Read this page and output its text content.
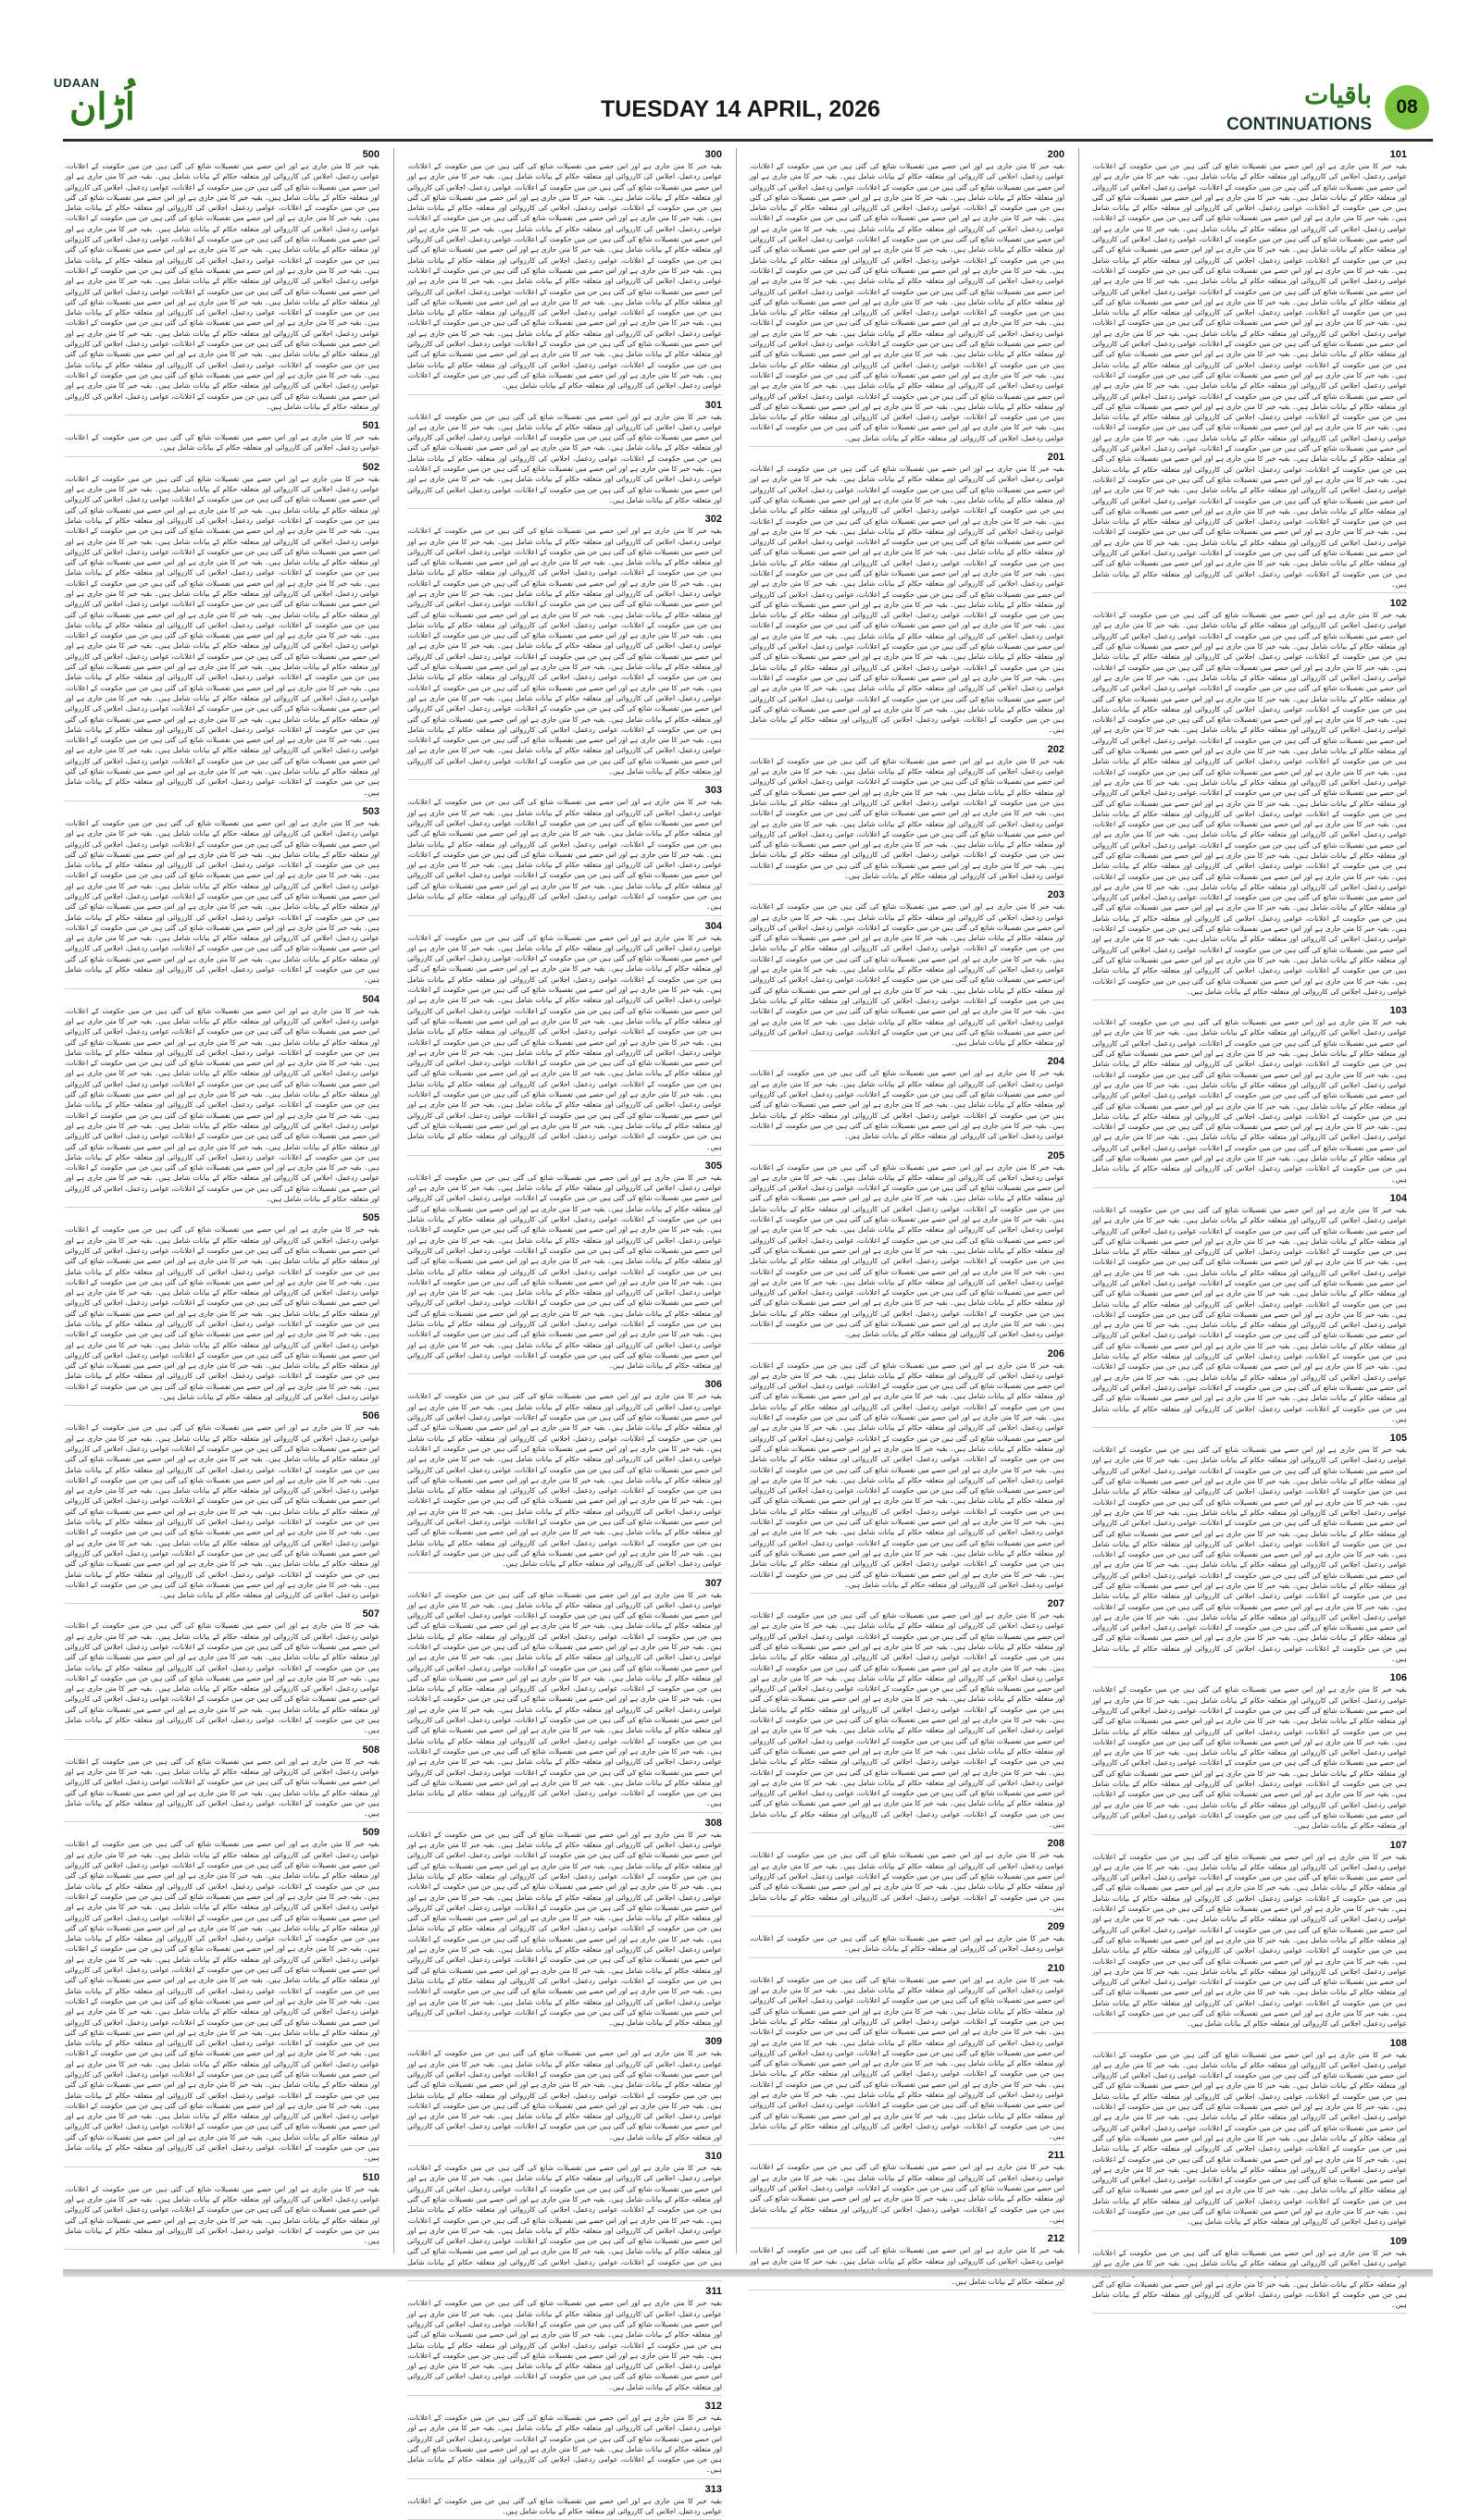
UDAAN
اُڑان	TUESDAY 14 APRIL, 2026	باقیات
CONTINUATIONS
08
101

بقیہ خبر کا متن جاری ہے اور اس حصے میں تفصیلات شائع کی گئی ہیں جن میں حکومت کے اعلانات، عوامی ردعمل، اجلاس کی کارروائی اور متعلقہ حکام کے بیانات شامل ہیں۔ بقیہ خبر کا متن جاری ہے اور اس حصے میں تفصیلات شائع کی گئی ہیں جن میں حکومت کے اعلانات، عوامی ردعمل، اجلاس کی کارروائی اور متعلقہ حکام کے بیانات شامل ہیں۔ بقیہ خبر کا متن جاری ہے اور اس حصے میں تفصیلات شائع کی گئی ہیں جن میں حکومت کے اعلانات، عوامی ردعمل، اجلاس کی کارروائی اور متعلقہ حکام کے بیانات شامل ہیں۔ بقیہ خبر کا متن جاری ہے اور اس حصے میں تفصیلات شائع کی گئی ہیں جن میں حکومت کے اعلانات، عوامی ردعمل، اجلاس کی کارروائی اور متعلقہ حکام کے بیانات شامل ہیں۔ بقیہ خبر کا متن جاری ہے اور اس حصے میں تفصیلات شائع کی گئی ہیں جن میں حکومت کے اعلانات، عوامی ردعمل، اجلاس کی کارروائی اور متعلقہ حکام کے بیانات شامل ہیں۔ بقیہ خبر کا متن جاری ہے اور اس حصے میں تفصیلات شائع کی گئی ہیں جن میں حکومت کے اعلانات، عوامی ردعمل، اجلاس کی کارروائی اور متعلقہ حکام کے بیانات شامل ہیں۔ بقیہ خبر کا متن جاری ہے اور اس حصے میں تفصیلات شائع کی گئی ہیں جن میں حکومت کے اعلانات، عوامی ردعمل، اجلاس کی کارروائی اور متعلقہ حکام کے بیانات شامل ہیں۔ بقیہ خبر کا متن جاری ہے اور اس حصے میں تفصیلات شائع کی گئی ہیں جن میں حکومت کے اعلانات، عوامی ردعمل، اجلاس کی کارروائی اور متعلقہ حکام کے بیانات شامل ہیں۔ بقیہ خبر کا متن جاری ہے اور اس حصے میں تفصیلات شائع کی گئی ہیں جن میں حکومت کے اعلانات، عوامی ردعمل، اجلاس کی کارروائی اور متعلقہ حکام کے بیانات شامل ہیں۔ بقیہ خبر کا متن جاری ہے اور اس حصے میں تفصیلات شائع کی گئی ہیں جن میں حکومت کے اعلانات، عوامی ردعمل، اجلاس کی کارروائی اور متعلقہ حکام کے بیانات شامل ہیں۔ بقیہ خبر کا متن جاری ہے اور اس حصے میں تفصیلات شائع کی گئی ہیں جن میں حکومت کے اعلانات، عوامی ردعمل، اجلاس کی کارروائی اور متعلقہ حکام کے بیانات شامل ہیں۔ بقیہ خبر کا متن جاری ہے اور اس حصے میں تفصیلات شائع کی گئی ہیں جن میں حکومت کے اعلانات، عوامی ردعمل، اجلاس کی کارروائی اور متعلقہ حکام کے بیانات شامل ہیں۔ بقیہ خبر کا متن جاری ہے اور اس حصے میں تفصیلات شائع کی گئی ہیں جن میں حکومت کے اعلانات، عوامی ردعمل، اجلاس کی کارروائی اور متعلقہ حکام کے بیانات شامل ہیں۔ بقیہ خبر کا متن جاری ہے اور اس حصے میں تفصیلات شائع کی گئی ہیں جن میں حکومت کے اعلانات، عوامی ردعمل، اجلاس کی کارروائی اور متعلقہ حکام کے بیانات شامل ہیں۔ بقیہ خبر کا متن جاری ہے اور اس حصے میں تفصیلات شائع کی گئی ہیں جن میں حکومت کے اعلانات، عوامی ردعمل، اجلاس کی کارروائی اور متعلقہ حکام کے بیانات شامل ہیں۔ بقیہ خبر کا متن جاری ہے اور اس حصے میں تفصیلات شائع کی گئی ہیں جن میں حکومت کے اعلانات، عوامی ردعمل، اجلاس کی کارروائی اور متعلقہ حکام کے بیانات شامل ہیں۔ بقیہ خبر کا متن جاری ہے اور اس حصے میں تفصیلات شائع کی گئی ہیں جن میں حکومت کے اعلانات، عوامی ردعمل، اجلاس کی کارروائی اور متعلقہ حکام کے بیانات شامل ہیں۔ بقیہ خبر کا متن جاری ہے اور اس حصے میں تفصیلات شائع کی گئی ہیں جن میں حکومت کے اعلانات، عوامی ردعمل، اجلاس کی کارروائی اور متعلقہ حکام کے بیانات شامل ہیں۔ بقیہ خبر کا متن جاری ہے اور اس حصے میں تفصیلات شائع کی گئی ہیں جن میں حکومت کے اعلانات، عوامی ردعمل، اجلاس کی کارروائی اور متعلقہ حکام کے بیانات شامل ہیں۔ بقیہ خبر کا متن جاری ہے اور اس حصے میں تفصیلات شائع کی گئی ہیں جن میں حکومت کے اعلانات، عوامی ردعمل، اجلاس کی کارروائی اور متعلقہ حکام کے بیانات شامل ہیں۔ بقیہ خبر کا متن جاری ہے اور اس حصے میں تفصیلات شائع کی گئی ہیں جن میں حکومت کے اعلانات، عوامی ردعمل، اجلاس کی کارروائی اور متعلقہ حکام کے بیانات شامل ہیں۔ بقیہ خبر کا متن جاری ہے اور اس حصے میں تفصیلات شائع کی گئی ہیں جن میں حکومت کے اعلانات، عوامی ردعمل، اجلاس کی کارروائی اور متعلقہ حکام کے بیانات شامل ہیں۔ بقیہ خبر کا متن جاری ہے اور اس حصے میں تفصیلات شائع کی گئی ہیں جن میں حکومت کے اعلانات، عوامی ردعمل، اجلاس کی کارروائی اور متعلقہ حکام کے بیانات شامل ہیں۔ بقیہ خبر کا متن جاری ہے اور اس حصے میں تفصیلات شائع کی گئی ہیں جن میں حکومت کے اعلانات، عوامی ردعمل، اجلاس کی کارروائی اور متعلقہ حکام کے بیانات شامل ہیں۔

102

بقیہ خبر کا متن جاری ہے اور اس حصے میں تفصیلات شائع کی گئی ہیں جن میں حکومت کے اعلانات، عوامی ردعمل، اجلاس کی کارروائی اور متعلقہ حکام کے بیانات شامل ہیں۔ بقیہ خبر کا متن جاری ہے اور اس حصے میں تفصیلات شائع کی گئی ہیں جن میں حکومت کے اعلانات، عوامی ردعمل، اجلاس کی کارروائی اور متعلقہ حکام کے بیانات شامل ہیں۔ بقیہ خبر کا متن جاری ہے اور اس حصے میں تفصیلات شائع کی گئی ہیں جن میں حکومت کے اعلانات، عوامی ردعمل، اجلاس کی کارروائی اور متعلقہ حکام کے بیانات شامل ہیں۔ بقیہ خبر کا متن جاری ہے اور اس حصے میں تفصیلات شائع کی گئی ہیں جن میں حکومت کے اعلانات، عوامی ردعمل، اجلاس کی کارروائی اور متعلقہ حکام کے بیانات شامل ہیں۔ بقیہ خبر کا متن جاری ہے اور اس حصے میں تفصیلات شائع کی گئی ہیں جن میں حکومت کے اعلانات، عوامی ردعمل، اجلاس کی کارروائی اور متعلقہ حکام کے بیانات شامل ہیں۔ بقیہ خبر کا متن جاری ہے اور اس حصے میں تفصیلات شائع کی گئی ہیں جن میں حکومت کے اعلانات، عوامی ردعمل، اجلاس کی کارروائی اور متعلقہ حکام کے بیانات شامل ہیں۔ بقیہ خبر کا متن جاری ہے اور اس حصے میں تفصیلات شائع کی گئی ہیں جن میں حکومت کے اعلانات، عوامی ردعمل، اجلاس کی کارروائی اور متعلقہ حکام کے بیانات شامل ہیں۔ بقیہ خبر کا متن جاری ہے اور اس حصے میں تفصیلات شائع کی گئی ہیں جن میں حکومت کے اعلانات، عوامی ردعمل، اجلاس کی کارروائی اور متعلقہ حکام کے بیانات شامل ہیں۔ بقیہ خبر کا متن جاری ہے اور اس حصے میں تفصیلات شائع کی گئی ہیں جن میں حکومت کے اعلانات، عوامی ردعمل، اجلاس کی کارروائی اور متعلقہ حکام کے بیانات شامل ہیں۔ بقیہ خبر کا متن جاری ہے اور اس حصے میں تفصیلات شائع کی گئی ہیں جن میں حکومت کے اعلانات، عوامی ردعمل، اجلاس کی کارروائی اور متعلقہ حکام کے بیانات شامل ہیں۔ بقیہ خبر کا متن جاری ہے اور اس حصے میں تفصیلات شائع کی گئی ہیں جن میں حکومت کے اعلانات، عوامی ردعمل، اجلاس کی کارروائی اور متعلقہ حکام کے بیانات شامل ہیں۔ بقیہ خبر کا متن جاری ہے اور اس حصے میں تفصیلات شائع کی گئی ہیں جن میں حکومت کے اعلانات، عوامی ردعمل، اجلاس کی کارروائی اور متعلقہ حکام کے بیانات شامل ہیں۔ بقیہ خبر کا متن جاری ہے اور اس حصے میں تفصیلات شائع کی گئی ہیں جن میں حکومت کے اعلانات، عوامی ردعمل، اجلاس کی کارروائی اور متعلقہ حکام کے بیانات شامل ہیں۔ بقیہ خبر کا متن جاری ہے اور اس حصے میں تفصیلات شائع کی گئی ہیں جن میں حکومت کے اعلانات، عوامی ردعمل، اجلاس کی کارروائی اور متعلقہ حکام کے بیانات شامل ہیں۔ بقیہ خبر کا متن جاری ہے اور اس حصے میں تفصیلات شائع کی گئی ہیں جن میں حکومت کے اعلانات، عوامی ردعمل، اجلاس کی کارروائی اور متعلقہ حکام کے بیانات شامل ہیں۔ بقیہ خبر کا متن جاری ہے اور اس حصے میں تفصیلات شائع کی گئی ہیں جن میں حکومت کے اعلانات، عوامی ردعمل، اجلاس کی کارروائی اور متعلقہ حکام کے بیانات شامل ہیں۔ بقیہ خبر کا متن جاری ہے اور اس حصے میں تفصیلات شائع کی گئی ہیں جن میں حکومت کے اعلانات، عوامی ردعمل، اجلاس کی کارروائی اور متعلقہ حکام کے بیانات شامل ہیں۔ بقیہ خبر کا متن جاری ہے اور اس حصے میں تفصیلات شائع کی گئی ہیں جن میں حکومت کے اعلانات، عوامی ردعمل، اجلاس کی کارروائی اور متعلقہ حکام کے بیانات شامل ہیں۔ بقیہ خبر کا متن جاری ہے اور اس حصے میں تفصیلات شائع کی گئی ہیں جن میں حکومت کے اعلانات، عوامی ردعمل، اجلاس کی کارروائی اور متعلقہ حکام کے بیانات شامل ہیں۔ بقیہ خبر کا متن جاری ہے اور اس حصے میں تفصیلات شائع کی گئی ہیں جن میں حکومت کے اعلانات، عوامی ردعمل، اجلاس کی کارروائی اور متعلقہ حکام کے بیانات شامل ہیں۔ بقیہ خبر کا متن جاری ہے اور اس حصے میں تفصیلات شائع کی گئی ہیں جن میں حکومت کے اعلانات، عوامی ردعمل، اجلاس کی کارروائی اور متعلقہ حکام کے بیانات شامل ہیں۔ بقیہ خبر کا متن جاری ہے اور اس حصے میں تفصیلات شائع کی گئی ہیں جن میں حکومت کے اعلانات، عوامی ردعمل، اجلاس کی کارروائی اور متعلقہ حکام کے بیانات شامل ہیں۔

103

بقیہ خبر کا متن جاری ہے اور اس حصے میں تفصیلات شائع کی گئی ہیں جن میں حکومت کے اعلانات، عوامی ردعمل، اجلاس کی کارروائی اور متعلقہ حکام کے بیانات شامل ہیں۔ بقیہ خبر کا متن جاری ہے اور اس حصے میں تفصیلات شائع کی گئی ہیں جن میں حکومت کے اعلانات، عوامی ردعمل، اجلاس کی کارروائی اور متعلقہ حکام کے بیانات شامل ہیں۔ بقیہ خبر کا متن جاری ہے اور اس حصے میں تفصیلات شائع کی گئی ہیں جن میں حکومت کے اعلانات، عوامی ردعمل، اجلاس کی کارروائی اور متعلقہ حکام کے بیانات شامل ہیں۔ بقیہ خبر کا متن جاری ہے اور اس حصے میں تفصیلات شائع کی گئی ہیں جن میں حکومت کے اعلانات، عوامی ردعمل، اجلاس کی کارروائی اور متعلقہ حکام کے بیانات شامل ہیں۔ بقیہ خبر کا متن جاری ہے اور اس حصے میں تفصیلات شائع کی گئی ہیں جن میں حکومت کے اعلانات، عوامی ردعمل، اجلاس کی کارروائی اور متعلقہ حکام کے بیانات شامل ہیں۔ بقیہ خبر کا متن جاری ہے اور اس حصے میں تفصیلات شائع کی گئی ہیں جن میں حکومت کے اعلانات، عوامی ردعمل، اجلاس کی کارروائی اور متعلقہ حکام کے بیانات شامل ہیں۔ بقیہ خبر کا متن جاری ہے اور اس حصے میں تفصیلات شائع کی گئی ہیں جن میں حکومت کے اعلانات، عوامی ردعمل، اجلاس کی کارروائی اور متعلقہ حکام کے بیانات شامل ہیں۔ بقیہ خبر کا متن جاری ہے اور اس حصے میں تفصیلات شائع کی گئی ہیں جن میں حکومت کے اعلانات، عوامی ردعمل، اجلاس کی کارروائی اور متعلقہ حکام کے بیانات شامل ہیں۔ بقیہ خبر کا متن جاری ہے اور اس حصے میں تفصیلات شائع کی گئی ہیں جن میں حکومت کے اعلانات، عوامی ردعمل، اجلاس کی کارروائی اور متعلقہ حکام کے بیانات شامل ہیں۔

104

بقیہ خبر کا متن جاری ہے اور اس حصے میں تفصیلات شائع کی گئی ہیں جن میں حکومت کے اعلانات، عوامی ردعمل، اجلاس کی کارروائی اور متعلقہ حکام کے بیانات شامل ہیں۔ بقیہ خبر کا متن جاری ہے اور اس حصے میں تفصیلات شائع کی گئی ہیں جن میں حکومت کے اعلانات، عوامی ردعمل، اجلاس کی کارروائی اور متعلقہ حکام کے بیانات شامل ہیں۔ بقیہ خبر کا متن جاری ہے اور اس حصے میں تفصیلات شائع کی گئی ہیں جن میں حکومت کے اعلانات، عوامی ردعمل، اجلاس کی کارروائی اور متعلقہ حکام کے بیانات شامل ہیں۔ بقیہ خبر کا متن جاری ہے اور اس حصے میں تفصیلات شائع کی گئی ہیں جن میں حکومت کے اعلانات، عوامی ردعمل، اجلاس کی کارروائی اور متعلقہ حکام کے بیانات شامل ہیں۔ بقیہ خبر کا متن جاری ہے اور اس حصے میں تفصیلات شائع کی گئی ہیں جن میں حکومت کے اعلانات، عوامی ردعمل، اجلاس کی کارروائی اور متعلقہ حکام کے بیانات شامل ہیں۔ بقیہ خبر کا متن جاری ہے اور اس حصے میں تفصیلات شائع کی گئی ہیں جن میں حکومت کے اعلانات، عوامی ردعمل، اجلاس کی کارروائی اور متعلقہ حکام کے بیانات شامل ہیں۔ بقیہ خبر کا متن جاری ہے اور اس حصے میں تفصیلات شائع کی گئی ہیں جن میں حکومت کے اعلانات، عوامی ردعمل، اجلاس کی کارروائی اور متعلقہ حکام کے بیانات شامل ہیں۔ بقیہ خبر کا متن جاری ہے اور اس حصے میں تفصیلات شائع کی گئی ہیں جن میں حکومت کے اعلانات، عوامی ردعمل، اجلاس کی کارروائی اور متعلقہ حکام کے بیانات شامل ہیں۔ بقیہ خبر کا متن جاری ہے اور اس حصے میں تفصیلات شائع کی گئی ہیں جن میں حکومت کے اعلانات، عوامی ردعمل، اجلاس کی کارروائی اور متعلقہ حکام کے بیانات شامل ہیں۔ بقیہ خبر کا متن جاری ہے اور اس حصے میں تفصیلات شائع کی گئی ہیں جن میں حکومت کے اعلانات، عوامی ردعمل، اجلاس کی کارروائی اور متعلقہ حکام کے بیانات شامل ہیں۔ بقیہ خبر کا متن جاری ہے اور اس حصے میں تفصیلات شائع کی گئی ہیں جن میں حکومت کے اعلانات، عوامی ردعمل، اجلاس کی کارروائی اور متعلقہ حکام کے بیانات شامل ہیں۔ بقیہ خبر کا متن جاری ہے اور اس حصے میں تفصیلات شائع کی گئی ہیں جن میں حکومت کے اعلانات، عوامی ردعمل، اجلاس کی کارروائی اور متعلقہ حکام کے بیانات شامل ہیں۔

105

بقیہ خبر کا متن جاری ہے اور اس حصے میں تفصیلات شائع کی گئی ہیں جن میں حکومت کے اعلانات، عوامی ردعمل، اجلاس کی کارروائی اور متعلقہ حکام کے بیانات شامل ہیں۔ بقیہ خبر کا متن جاری ہے اور اس حصے میں تفصیلات شائع کی گئی ہیں جن میں حکومت کے اعلانات، عوامی ردعمل، اجلاس کی کارروائی اور متعلقہ حکام کے بیانات شامل ہیں۔ بقیہ خبر کا متن جاری ہے اور اس حصے میں تفصیلات شائع کی گئی ہیں جن میں حکومت کے اعلانات، عوامی ردعمل، اجلاس کی کارروائی اور متعلقہ حکام کے بیانات شامل ہیں۔ بقیہ خبر کا متن جاری ہے اور اس حصے میں تفصیلات شائع کی گئی ہیں جن میں حکومت کے اعلانات، عوامی ردعمل، اجلاس کی کارروائی اور متعلقہ حکام کے بیانات شامل ہیں۔ بقیہ خبر کا متن جاری ہے اور اس حصے میں تفصیلات شائع کی گئی ہیں جن میں حکومت کے اعلانات، عوامی ردعمل، اجلاس کی کارروائی اور متعلقہ حکام کے بیانات شامل ہیں۔ بقیہ خبر کا متن جاری ہے اور اس حصے میں تفصیلات شائع کی گئی ہیں جن میں حکومت کے اعلانات، عوامی ردعمل، اجلاس کی کارروائی اور متعلقہ حکام کے بیانات شامل ہیں۔ بقیہ خبر کا متن جاری ہے اور اس حصے میں تفصیلات شائع کی گئی ہیں جن میں حکومت کے اعلانات، عوامی ردعمل، اجلاس کی کارروائی اور متعلقہ حکام کے بیانات شامل ہیں۔ بقیہ خبر کا متن جاری ہے اور اس حصے میں تفصیلات شائع کی گئی ہیں جن میں حکومت کے اعلانات، عوامی ردعمل، اجلاس کی کارروائی اور متعلقہ حکام کے بیانات شامل ہیں۔ بقیہ خبر کا متن جاری ہے اور اس حصے میں تفصیلات شائع کی گئی ہیں جن میں حکومت کے اعلانات، عوامی ردعمل، اجلاس کی کارروائی اور متعلقہ حکام کے بیانات شامل ہیں۔ بقیہ خبر کا متن جاری ہے اور اس حصے میں تفصیلات شائع کی گئی ہیں جن میں حکومت کے اعلانات، عوامی ردعمل، اجلاس کی کارروائی اور متعلقہ حکام کے بیانات شامل ہیں۔ بقیہ خبر کا متن جاری ہے اور اس حصے میں تفصیلات شائع کی گئی ہیں جن میں حکومت کے اعلانات، عوامی ردعمل، اجلاس کی کارروائی اور متعلقہ حکام کے بیانات شامل ہیں۔ بقیہ خبر کا متن جاری ہے اور اس حصے میں تفصیلات شائع کی گئی ہیں جن میں حکومت کے اعلانات، عوامی ردعمل، اجلاس کی کارروائی اور متعلقہ حکام کے بیانات شامل ہیں۔

106

بقیہ خبر کا متن جاری ہے اور اس حصے میں تفصیلات شائع کی گئی ہیں جن میں حکومت کے اعلانات، عوامی ردعمل، اجلاس کی کارروائی اور متعلقہ حکام کے بیانات شامل ہیں۔ بقیہ خبر کا متن جاری ہے اور اس حصے میں تفصیلات شائع کی گئی ہیں جن میں حکومت کے اعلانات، عوامی ردعمل، اجلاس کی کارروائی اور متعلقہ حکام کے بیانات شامل ہیں۔ بقیہ خبر کا متن جاری ہے اور اس حصے میں تفصیلات شائع کی گئی ہیں جن میں حکومت کے اعلانات، عوامی ردعمل، اجلاس کی کارروائی اور متعلقہ حکام کے بیانات شامل ہیں۔ بقیہ خبر کا متن جاری ہے اور اس حصے میں تفصیلات شائع کی گئی ہیں جن میں حکومت کے اعلانات، عوامی ردعمل، اجلاس کی کارروائی اور متعلقہ حکام کے بیانات شامل ہیں۔ بقیہ خبر کا متن جاری ہے اور اس حصے میں تفصیلات شائع کی گئی ہیں جن میں حکومت کے اعلانات، عوامی ردعمل، اجلاس کی کارروائی اور متعلقہ حکام کے بیانات شامل ہیں۔ بقیہ خبر کا متن جاری ہے اور اس حصے میں تفصیلات شائع کی گئی ہیں جن میں حکومت کے اعلانات، عوامی ردعمل، اجلاس کی کارروائی اور متعلقہ حکام کے بیانات شامل ہیں۔ بقیہ خبر کا متن جاری ہے اور اس حصے میں تفصیلات شائع کی گئی ہیں جن میں حکومت کے اعلانات، عوامی ردعمل، اجلاس کی کارروائی اور متعلقہ حکام کے بیانات شامل ہیں۔ بقیہ خبر کا متن جاری ہے اور اس حصے میں تفصیلات شائع کی گئی ہیں جن میں حکومت کے اعلانات، عوامی ردعمل، اجلاس کی کارروائی اور متعلقہ حکام کے بیانات شامل ہیں۔

107

بقیہ خبر کا متن جاری ہے اور اس حصے میں تفصیلات شائع کی گئی ہیں جن میں حکومت کے اعلانات، عوامی ردعمل، اجلاس کی کارروائی اور متعلقہ حکام کے بیانات شامل ہیں۔ بقیہ خبر کا متن جاری ہے اور اس حصے میں تفصیلات شائع کی گئی ہیں جن میں حکومت کے اعلانات، عوامی ردعمل، اجلاس کی کارروائی اور متعلقہ حکام کے بیانات شامل ہیں۔ بقیہ خبر کا متن جاری ہے اور اس حصے میں تفصیلات شائع کی گئی ہیں جن میں حکومت کے اعلانات، عوامی ردعمل، اجلاس کی کارروائی اور متعلقہ حکام کے بیانات شامل ہیں۔ بقیہ خبر کا متن جاری ہے اور اس حصے میں تفصیلات شائع کی گئی ہیں جن میں حکومت کے اعلانات، عوامی ردعمل، اجلاس کی کارروائی اور متعلقہ حکام کے بیانات شامل ہیں۔ بقیہ خبر کا متن جاری ہے اور اس حصے میں تفصیلات شائع کی گئی ہیں جن میں حکومت کے اعلانات، عوامی ردعمل، اجلاس کی کارروائی اور متعلقہ حکام کے بیانات شامل ہیں۔ بقیہ خبر کا متن جاری ہے اور اس حصے میں تفصیلات شائع کی گئی ہیں جن میں حکومت کے اعلانات، عوامی ردعمل، اجلاس کی کارروائی اور متعلقہ حکام کے بیانات شامل ہیں۔ بقیہ خبر کا متن جاری ہے اور اس حصے میں تفصیلات شائع کی گئی ہیں جن میں حکومت کے اعلانات، عوامی ردعمل، اجلاس کی کارروائی اور متعلقہ حکام کے بیانات شامل ہیں۔ بقیہ خبر کا متن جاری ہے اور اس حصے میں تفصیلات شائع کی گئی ہیں جن میں حکومت کے اعلانات، عوامی ردعمل، اجلاس کی کارروائی اور متعلقہ حکام کے بیانات شامل ہیں۔ بقیہ خبر کا متن جاری ہے اور اس حصے میں تفصیلات شائع کی گئی ہیں جن میں حکومت کے اعلانات، عوامی ردعمل، اجلاس کی کارروائی اور متعلقہ حکام کے بیانات شامل ہیں۔ بقیہ خبر کا متن جاری ہے اور اس حصے میں تفصیلات شائع کی گئی ہیں جن میں حکومت کے اعلانات، عوامی ردعمل، اجلاس کی کارروائی اور متعلقہ حکام کے بیانات شامل ہیں۔

108

بقیہ خبر کا متن جاری ہے اور اس حصے میں تفصیلات شائع کی گئی ہیں جن میں حکومت کے اعلانات، عوامی ردعمل، اجلاس کی کارروائی اور متعلقہ حکام کے بیانات شامل ہیں۔ بقیہ خبر کا متن جاری ہے اور اس حصے میں تفصیلات شائع کی گئی ہیں جن میں حکومت کے اعلانات، عوامی ردعمل، اجلاس کی کارروائی اور متعلقہ حکام کے بیانات شامل ہیں۔ بقیہ خبر کا متن جاری ہے اور اس حصے میں تفصیلات شائع کی گئی ہیں جن میں حکومت کے اعلانات، عوامی ردعمل، اجلاس کی کارروائی اور متعلقہ حکام کے بیانات شامل ہیں۔ بقیہ خبر کا متن جاری ہے اور اس حصے میں تفصیلات شائع کی گئی ہیں جن میں حکومت کے اعلانات، عوامی ردعمل، اجلاس کی کارروائی اور متعلقہ حکام کے بیانات شامل ہیں۔ بقیہ خبر کا متن جاری ہے اور اس حصے میں تفصیلات شائع کی گئی ہیں جن میں حکومت کے اعلانات، عوامی ردعمل، اجلاس کی کارروائی اور متعلقہ حکام کے بیانات شامل ہیں۔ بقیہ خبر کا متن جاری ہے اور اس حصے میں تفصیلات شائع کی گئی ہیں جن میں حکومت کے اعلانات، عوامی ردعمل، اجلاس کی کارروائی اور متعلقہ حکام کے بیانات شامل ہیں۔ بقیہ خبر کا متن جاری ہے اور اس حصے میں تفصیلات شائع کی گئی ہیں جن میں حکومت کے اعلانات، عوامی ردعمل، اجلاس کی کارروائی اور متعلقہ حکام کے بیانات شامل ہیں۔ بقیہ خبر کا متن جاری ہے اور اس حصے میں تفصیلات شائع کی گئی ہیں جن میں حکومت کے اعلانات، عوامی ردعمل، اجلاس کی کارروائی اور متعلقہ حکام کے بیانات شامل ہیں۔ بقیہ خبر کا متن جاری ہے اور اس حصے میں تفصیلات شائع کی گئی ہیں جن میں حکومت کے اعلانات، عوامی ردعمل، اجلاس کی کارروائی اور متعلقہ حکام کے بیانات شامل ہیں۔ بقیہ خبر کا متن جاری ہے اور اس حصے میں تفصیلات شائع کی گئی ہیں جن میں حکومت کے اعلانات، عوامی ردعمل، اجلاس کی کارروائی اور متعلقہ حکام کے بیانات شامل ہیں۔

109

بقیہ خبر کا متن جاری ہے اور اس حصے میں تفصیلات شائع کی گئی ہیں جن میں حکومت کے اعلانات، عوامی ردعمل، اجلاس کی کارروائی اور متعلقہ حکام کے بیانات شامل ہیں۔ بقیہ خبر کا متن جاری ہے اور اور متعلقہ حکام کے بیانات شامل ہیں۔ بقیہ خبر کا متن جاری ہے اور اس حصے میں تفصیلات شائع کی گئی ہیں جن میں حکومت کے اعلانات، عوامی ردعمل، اجلاس کی کارروائی اور متعلقہ حکام کے بیانات شامل ہیں۔

200

بقیہ خبر کا متن جاری ہے اور اس حصے میں تفصیلات شائع کی گئی ہیں جن میں حکومت کے اعلانات، عوامی ردعمل، اجلاس کی کارروائی اور متعلقہ حکام کے بیانات شامل ہیں۔ بقیہ خبر کا متن جاری ہے اور اس حصے میں تفصیلات شائع کی گئی ہیں جن میں حکومت کے اعلانات، عوامی ردعمل، اجلاس کی کارروائی اور متعلقہ حکام کے بیانات شامل ہیں۔ بقیہ خبر کا متن جاری ہے اور اس حصے میں تفصیلات شائع کی گئی ہیں جن میں حکومت کے اعلانات، عوامی ردعمل، اجلاس کی کارروائی اور متعلقہ حکام کے بیانات شامل ہیں۔ بقیہ خبر کا متن جاری ہے اور اس حصے میں تفصیلات شائع کی گئی ہیں جن میں حکومت کے اعلانات، عوامی ردعمل، اجلاس کی کارروائی اور متعلقہ حکام کے بیانات شامل ہیں۔ بقیہ خبر کا متن جاری ہے اور اس حصے میں تفصیلات شائع کی گئی ہیں جن میں حکومت کے اعلانات، عوامی ردعمل، اجلاس کی کارروائی اور متعلقہ حکام کے بیانات شامل ہیں۔ بقیہ خبر کا متن جاری ہے اور اس حصے میں تفصیلات شائع کی گئی ہیں جن میں حکومت کے اعلانات، عوامی ردعمل، اجلاس کی کارروائی اور متعلقہ حکام کے بیانات شامل ہیں۔ بقیہ خبر کا متن جاری ہے اور اس حصے میں تفصیلات شائع کی گئی ہیں جن میں حکومت کے اعلانات، عوامی ردعمل، اجلاس کی کارروائی اور متعلقہ حکام کے بیانات شامل ہیں۔ بقیہ خبر کا متن جاری ہے اور اس حصے میں تفصیلات شائع کی گئی ہیں جن میں حکومت کے اعلانات، عوامی ردعمل، اجلاس کی کارروائی اور متعلقہ حکام کے بیانات شامل ہیں۔ بقیہ خبر کا متن جاری ہے اور اس حصے میں تفصیلات شائع کی گئی ہیں جن میں حکومت کے اعلانات، عوامی ردعمل، اجلاس کی کارروائی اور متعلقہ حکام کے بیانات شامل ہیں۔ بقیہ خبر کا متن جاری ہے اور اس حصے میں تفصیلات شائع کی گئی ہیں جن میں حکومت کے اعلانات، عوامی ردعمل، اجلاس کی کارروائی اور متعلقہ حکام کے بیانات شامل ہیں۔ بقیہ خبر کا متن جاری ہے اور اس حصے میں تفصیلات شائع کی گئی ہیں جن میں حکومت کے اعلانات، عوامی ردعمل، اجلاس کی کارروائی اور متعلقہ حکام کے بیانات شامل ہیں۔ بقیہ خبر کا متن جاری ہے اور اس حصے میں تفصیلات شائع کی گئی ہیں جن میں حکومت کے اعلانات، عوامی ردعمل، اجلاس کی کارروائی اور متعلقہ حکام کے بیانات شامل ہیں۔ بقیہ خبر کا متن جاری ہے اور اس حصے میں تفصیلات شائع کی گئی ہیں جن میں حکومت کے اعلانات، عوامی ردعمل، اجلاس کی کارروائی اور متعلقہ حکام کے بیانات شامل ہیں۔ بقیہ خبر کا متن جاری ہے اور اس حصے میں تفصیلات شائع کی گئی ہیں جن میں حکومت کے اعلانات، عوامی ردعمل، اجلاس کی کارروائی اور متعلقہ حکام کے بیانات شامل ہیں۔ بقیہ خبر کا متن جاری ہے اور اس حصے میں تفصیلات شائع کی گئی ہیں جن میں حکومت کے اعلانات، عوامی ردعمل، اجلاس کی کارروائی اور متعلقہ حکام کے بیانات شامل ہیں۔ بقیہ خبر کا متن جاری ہے اور اس حصے میں تفصیلات شائع کی گئی ہیں جن میں حکومت کے اعلانات، عوامی ردعمل، اجلاس کی کارروائی اور متعلقہ حکام کے بیانات شامل ہیں۔

201

بقیہ خبر کا متن جاری ہے اور اس حصے میں تفصیلات شائع کی گئی ہیں جن میں حکومت کے اعلانات، عوامی ردعمل، اجلاس کی کارروائی اور متعلقہ حکام کے بیانات شامل ہیں۔ بقیہ خبر کا متن جاری ہے اور اس حصے میں تفصیلات شائع کی گئی ہیں جن میں حکومت کے اعلانات، عوامی ردعمل، اجلاس کی کارروائی اور متعلقہ حکام کے بیانات شامل ہیں۔ بقیہ خبر کا متن جاری ہے اور اس حصے میں تفصیلات شائع کی گئی ہیں جن میں حکومت کے اعلانات، عوامی ردعمل، اجلاس کی کارروائی اور متعلقہ حکام کے بیانات شامل ہیں۔ بقیہ خبر کا متن جاری ہے اور اس حصے میں تفصیلات شائع کی گئی ہیں جن میں حکومت کے اعلانات، عوامی ردعمل، اجلاس کی کارروائی اور متعلقہ حکام کے بیانات شامل ہیں۔ بقیہ خبر کا متن جاری ہے اور اس حصے میں تفصیلات شائع کی گئی ہیں جن میں حکومت کے اعلانات، عوامی ردعمل، اجلاس کی کارروائی اور متعلقہ حکام کے بیانات شامل ہیں۔ بقیہ خبر کا متن جاری ہے اور اس حصے میں تفصیلات شائع کی گئی ہیں جن میں حکومت کے اعلانات، عوامی ردعمل، اجلاس کی کارروائی اور متعلقہ حکام کے بیانات شامل ہیں۔ بقیہ خبر کا متن جاری ہے اور اس حصے میں تفصیلات شائع کی گئی ہیں جن میں حکومت کے اعلانات، عوامی ردعمل، اجلاس کی کارروائی اور متعلقہ حکام کے بیانات شامل ہیں۔ بقیہ خبر کا متن جاری ہے اور اس حصے میں تفصیلات شائع کی گئی ہیں جن میں حکومت کے اعلانات، عوامی ردعمل، اجلاس کی کارروائی اور متعلقہ حکام کے بیانات شامل ہیں۔ بقیہ خبر کا متن جاری ہے اور اس حصے میں تفصیلات شائع کی گئی ہیں جن میں حکومت کے اعلانات، عوامی ردعمل، اجلاس کی کارروائی اور متعلقہ حکام کے بیانات شامل ہیں۔ بقیہ خبر کا متن جاری ہے اور اس حصے میں تفصیلات شائع کی گئی ہیں جن میں حکومت کے اعلانات، عوامی ردعمل، اجلاس کی کارروائی اور متعلقہ حکام کے بیانات شامل ہیں۔ بقیہ خبر کا متن جاری ہے اور اس حصے میں تفصیلات شائع کی گئی ہیں جن میں حکومت کے اعلانات، عوامی ردعمل، اجلاس کی کارروائی اور متعلقہ حکام کے بیانات شامل ہیں۔ بقیہ خبر کا متن جاری ہے اور اس حصے میں تفصیلات شائع کی گئی ہیں جن میں حکومت کے اعلانات، عوامی ردعمل، اجلاس کی کارروائی اور متعلقہ حکام کے بیانات شامل ہیں۔ بقیہ خبر کا متن جاری ہے اور اس حصے میں تفصیلات شائع کی گئی ہیں جن میں حکومت کے اعلانات، عوامی ردعمل، اجلاس کی کارروائی اور متعلقہ حکام کے بیانات شامل ہیں۔ بقیہ خبر کا متن جاری ہے اور اس حصے میں تفصیلات شائع کی گئی ہیں جن میں حکومت کے اعلانات، عوامی ردعمل، اجلاس کی کارروائی اور متعلقہ حکام کے بیانات شامل ہیں۔ بقیہ خبر کا متن جاری ہے اور اس حصے میں تفصیلات شائع کی گئی ہیں جن میں حکومت کے اعلانات، عوامی ردعمل، اجلاس کی کارروائی اور متعلقہ حکام کے بیانات شامل ہیں۔

202

بقیہ خبر کا متن جاری ہے اور اس حصے میں تفصیلات شائع کی گئی ہیں جن میں حکومت کے اعلانات، عوامی ردعمل، اجلاس کی کارروائی اور متعلقہ حکام کے بیانات شامل ہیں۔ بقیہ خبر کا متن جاری ہے اور اس حصے میں تفصیلات شائع کی گئی ہیں جن میں حکومت کے اعلانات، عوامی ردعمل، اجلاس کی کارروائی اور متعلقہ حکام کے بیانات شامل ہیں۔ بقیہ خبر کا متن جاری ہے اور اس حصے میں تفصیلات شائع کی گئی ہیں جن میں حکومت کے اعلانات، عوامی ردعمل، اجلاس کی کارروائی اور متعلقہ حکام کے بیانات شامل ہیں۔ بقیہ خبر کا متن جاری ہے اور اس حصے میں تفصیلات شائع کی گئی ہیں جن میں حکومت کے اعلانات، عوامی ردعمل، اجلاس کی کارروائی اور متعلقہ حکام کے بیانات شامل ہیں۔ بقیہ خبر کا متن جاری ہے اور اس حصے میں تفصیلات شائع کی گئی ہیں جن میں حکومت کے اعلانات، عوامی ردعمل، اجلاس کی کارروائی اور متعلقہ حکام کے بیانات شامل ہیں۔ بقیہ خبر کا متن جاری ہے اور اس حصے میں تفصیلات شائع کی گئی ہیں جن میں حکومت کے اعلانات، عوامی ردعمل، اجلاس کی کارروائی اور متعلقہ حکام کے بیانات شامل ہیں۔ بقیہ خبر کا متن جاری ہے اور اس حصے میں تفصیلات شائع کی گئی ہیں جن میں حکومت کے اعلانات، عوامی ردعمل، اجلاس کی کارروائی اور متعلقہ حکام کے بیانات شامل ہیں۔

203

بقیہ خبر کا متن جاری ہے اور اس حصے میں تفصیلات شائع کی گئی ہیں جن میں حکومت کے اعلانات، عوامی ردعمل، اجلاس کی کارروائی اور متعلقہ حکام کے بیانات شامل ہیں۔ بقیہ خبر کا متن جاری ہے اور اس حصے میں تفصیلات شائع کی گئی ہیں جن میں حکومت کے اعلانات، عوامی ردعمل، اجلاس کی کارروائی اور متعلقہ حکام کے بیانات شامل ہیں۔ بقیہ خبر کا متن جاری ہے اور اس حصے میں تفصیلات شائع کی گئی ہیں جن میں حکومت کے اعلانات، عوامی ردعمل، اجلاس کی کارروائی اور متعلقہ حکام کے بیانات شامل ہیں۔ بقیہ خبر کا متن جاری ہے اور اس حصے میں تفصیلات شائع کی گئی ہیں جن میں حکومت کے اعلانات، عوامی ردعمل، اجلاس کی کارروائی اور متعلقہ حکام کے بیانات شامل ہیں۔ بقیہ خبر کا متن جاری ہے اور اس حصے میں تفصیلات شائع کی گئی ہیں جن میں حکومت کے اعلانات، عوامی ردعمل، اجلاس کی کارروائی اور متعلقہ حکام کے بیانات شامل ہیں۔ بقیہ خبر کا متن جاری ہے اور اس حصے میں تفصیلات شائع کی گئی ہیں جن میں حکومت کے اعلانات، عوامی ردعمل، اجلاس کی کارروائی اور متعلقہ حکام کے بیانات شامل ہیں۔ بقیہ خبر کا متن جاری ہے اور اس حصے میں تفصیلات شائع کی گئی ہیں جن میں حکومت کے اعلانات، عوامی ردعمل، اجلاس کی کارروائی اور متعلقہ حکام کے بیانات شامل ہیں۔ بقیہ خبر کا متن جاری ہے اور اس حصے میں تفصیلات شائع کی گئی ہیں جن میں حکومت کے اعلانات، عوامی ردعمل، اجلاس کی کارروائی اور متعلقہ حکام کے بیانات شامل ہیں۔

204

بقیہ خبر کا متن جاری ہے اور اس حصے میں تفصیلات شائع کی گئی ہیں جن میں حکومت کے اعلانات، عوامی ردعمل، اجلاس کی کارروائی اور متعلقہ حکام کے بیانات شامل ہیں۔ بقیہ خبر کا متن جاری ہے اور اس حصے میں تفصیلات شائع کی گئی ہیں جن میں حکومت کے اعلانات، عوامی ردعمل، اجلاس کی کارروائی اور متعلقہ حکام کے بیانات شامل ہیں۔ بقیہ خبر کا متن جاری ہے اور اس حصے میں تفصیلات شائع کی گئی ہیں جن میں حکومت کے اعلانات، عوامی ردعمل، اجلاس کی کارروائی اور متعلقہ حکام کے بیانات شامل ہیں۔ بقیہ خبر کا متن جاری ہے اور اس حصے میں تفصیلات شائع کی گئی ہیں جن میں حکومت کے اعلانات، عوامی ردعمل، اجلاس کی کارروائی اور متعلقہ حکام کے بیانات شامل ہیں۔

205

بقیہ خبر کا متن جاری ہے اور اس حصے میں تفصیلات شائع کی گئی ہیں جن میں حکومت کے اعلانات، عوامی ردعمل، اجلاس کی کارروائی اور متعلقہ حکام کے بیانات شامل ہیں۔ بقیہ خبر کا متن جاری ہے اور اس حصے میں تفصیلات شائع کی گئی ہیں جن میں حکومت کے اعلانات، عوامی ردعمل، اجلاس کی کارروائی اور متعلقہ حکام کے بیانات شامل ہیں۔ بقیہ خبر کا متن جاری ہے اور اس حصے میں تفصیلات شائع کی گئی ہیں جن میں حکومت کے اعلانات، عوامی ردعمل، اجلاس کی کارروائی اور متعلقہ حکام کے بیانات شامل ہیں۔ بقیہ خبر کا متن جاری ہے اور اس حصے میں تفصیلات شائع کی گئی ہیں جن میں حکومت کے اعلانات، عوامی ردعمل، اجلاس کی کارروائی اور متعلقہ حکام کے بیانات شامل ہیں۔ بقیہ خبر کا متن جاری ہے اور اس حصے میں تفصیلات شائع کی گئی ہیں جن میں حکومت کے اعلانات، عوامی ردعمل، اجلاس کی کارروائی اور متعلقہ حکام کے بیانات شامل ہیں۔ بقیہ خبر کا متن جاری ہے اور اس حصے میں تفصیلات شائع کی گئی ہیں جن میں حکومت کے اعلانات، عوامی ردعمل، اجلاس کی کارروائی اور متعلقہ حکام کے بیانات شامل ہیں۔ بقیہ خبر کا متن جاری ہے اور اس حصے میں تفصیلات شائع کی گئی ہیں جن میں حکومت کے اعلانات، عوامی ردعمل، اجلاس کی کارروائی اور متعلقہ حکام کے بیانات شامل ہیں۔ بقیہ خبر کا متن جاری ہے اور اس حصے میں تفصیلات شائع کی گئی ہیں جن میں حکومت کے اعلانات، عوامی ردعمل، اجلاس کی کارروائی اور متعلقہ حکام کے بیانات شامل ہیں۔ بقیہ خبر کا متن جاری ہے اور اس حصے میں تفصیلات شائع کی گئی ہیں جن میں حکومت کے اعلانات، عوامی ردعمل، اجلاس کی کارروائی اور متعلقہ حکام کے بیانات شامل ہیں۔ بقیہ خبر کا متن جاری ہے اور اس حصے میں تفصیلات شائع کی گئی ہیں جن میں حکومت کے اعلانات، عوامی ردعمل، اجلاس کی کارروائی اور متعلقہ حکام کے بیانات شامل ہیں۔

206

بقیہ خبر کا متن جاری ہے اور اس حصے میں تفصیلات شائع کی گئی ہیں جن میں حکومت کے اعلانات، عوامی ردعمل، اجلاس کی کارروائی اور متعلقہ حکام کے بیانات شامل ہیں۔ بقیہ خبر کا متن جاری ہے اور اس حصے میں تفصیلات شائع کی گئی ہیں جن میں حکومت کے اعلانات، عوامی ردعمل، اجلاس کی کارروائی اور متعلقہ حکام کے بیانات شامل ہیں۔ بقیہ خبر کا متن جاری ہے اور اس حصے میں تفصیلات شائع کی گئی ہیں جن میں حکومت کے اعلانات، عوامی ردعمل، اجلاس کی کارروائی اور متعلقہ حکام کے بیانات شامل ہیں۔ بقیہ خبر کا متن جاری ہے اور اس حصے میں تفصیلات شائع کی گئی ہیں جن میں حکومت کے اعلانات، عوامی ردعمل، اجلاس کی کارروائی اور متعلقہ حکام کے بیانات شامل ہیں۔ بقیہ خبر کا متن جاری ہے اور اس حصے میں تفصیلات شائع کی گئی ہیں جن میں حکومت کے اعلانات، عوامی ردعمل، اجلاس کی کارروائی اور متعلقہ حکام کے بیانات شامل ہیں۔ بقیہ خبر کا متن جاری ہے اور اس حصے میں تفصیلات شائع کی گئی ہیں جن میں حکومت کے اعلانات، عوامی ردعمل، اجلاس کی کارروائی اور متعلقہ حکام کے بیانات شامل ہیں۔ بقیہ خبر کا متن جاری ہے اور اس حصے میں تفصیلات شائع کی گئی ہیں جن میں حکومت کے اعلانات، عوامی ردعمل، اجلاس کی کارروائی اور متعلقہ حکام کے بیانات شامل ہیں۔ بقیہ خبر کا متن جاری ہے اور اس حصے میں تفصیلات شائع کی گئی ہیں جن میں حکومت کے اعلانات، عوامی ردعمل، اجلاس کی کارروائی اور متعلقہ حکام کے بیانات شامل ہیں۔ بقیہ خبر کا متن جاری ہے اور اس حصے میں تفصیلات شائع کی گئی ہیں جن میں حکومت کے اعلانات، عوامی ردعمل، اجلاس کی کارروائی اور متعلقہ حکام کے بیانات شامل ہیں۔ بقیہ خبر کا متن جاری ہے اور اس حصے میں تفصیلات شائع کی گئی ہیں جن میں حکومت کے اعلانات، عوامی ردعمل، اجلاس کی کارروائی اور متعلقہ حکام کے بیانات شامل ہیں۔ بقیہ خبر کا متن جاری ہے اور اس حصے میں تفصیلات شائع کی گئی ہیں جن میں حکومت کے اعلانات، عوامی ردعمل، اجلاس کی کارروائی اور متعلقہ حکام کے بیانات شامل ہیں۔ بقیہ خبر کا متن جاری ہے اور اس حصے میں تفصیلات شائع کی گئی ہیں جن میں حکومت کے اعلانات، عوامی ردعمل، اجلاس کی کارروائی اور متعلقہ حکام کے بیانات شامل ہیں۔ بقیہ خبر کا متن جاری ہے اور اس حصے میں تفصیلات شائع کی گئی ہیں جن میں حکومت کے اعلانات، عوامی ردعمل، اجلاس کی کارروائی اور متعلقہ حکام کے بیانات شامل ہیں۔

207

بقیہ خبر کا متن جاری ہے اور اس حصے میں تفصیلات شائع کی گئی ہیں جن میں حکومت کے اعلانات، عوامی ردعمل، اجلاس کی کارروائی اور متعلقہ حکام کے بیانات شامل ہیں۔ بقیہ خبر کا متن جاری ہے اور اس حصے میں تفصیلات شائع کی گئی ہیں جن میں حکومت کے اعلانات، عوامی ردعمل، اجلاس کی کارروائی اور متعلقہ حکام کے بیانات شامل ہیں۔ بقیہ خبر کا متن جاری ہے اور اس حصے میں تفصیلات شائع کی گئی ہیں جن میں حکومت کے اعلانات، عوامی ردعمل، اجلاس کی کارروائی اور متعلقہ حکام کے بیانات شامل ہیں۔ بقیہ خبر کا متن جاری ہے اور اس حصے میں تفصیلات شائع کی گئی ہیں جن میں حکومت کے اعلانات، عوامی ردعمل، اجلاس کی کارروائی اور متعلقہ حکام کے بیانات شامل ہیں۔ بقیہ خبر کا متن جاری ہے اور اس حصے میں تفصیلات شائع کی گئی ہیں جن میں حکومت کے اعلانات، عوامی ردعمل، اجلاس کی کارروائی اور متعلقہ حکام کے بیانات شامل ہیں۔ بقیہ خبر کا متن جاری ہے اور اس حصے میں تفصیلات شائع کی گئی ہیں جن میں حکومت کے اعلانات، عوامی ردعمل، اجلاس کی کارروائی اور متعلقہ حکام کے بیانات شامل ہیں۔ بقیہ خبر کا متن جاری ہے اور اس حصے میں تفصیلات شائع کی گئی ہیں جن میں حکومت کے اعلانات، عوامی ردعمل، اجلاس کی کارروائی اور متعلقہ حکام کے بیانات شامل ہیں۔ بقیہ خبر کا متن جاری ہے اور اس حصے میں تفصیلات شائع کی گئی ہیں جن میں حکومت کے اعلانات، عوامی ردعمل، اجلاس کی کارروائی اور متعلقہ حکام کے بیانات شامل ہیں۔ بقیہ خبر کا متن جاری ہے اور اس حصے میں تفصیلات شائع کی گئی ہیں جن میں حکومت کے اعلانات، عوامی ردعمل، اجلاس کی کارروائی اور متعلقہ حکام کے بیانات شامل ہیں۔ بقیہ خبر کا متن جاری ہے اور اس حصے میں تفصیلات شائع کی گئی ہیں جن میں حکومت کے اعلانات، عوامی ردعمل، اجلاس کی کارروائی اور متعلقہ حکام کے بیانات شامل ہیں۔ بقیہ خبر کا متن جاری ہے اور اس حصے میں تفصیلات شائع کی گئی ہیں جن میں حکومت کے اعلانات، عوامی ردعمل، اجلاس کی کارروائی اور متعلقہ حکام کے بیانات شامل ہیں۔ بقیہ خبر کا متن جاری ہے اور اس حصے میں تفصیلات شائع کی گئی ہیں جن میں حکومت کے اعلانات، عوامی ردعمل، اجلاس کی کارروائی اور متعلقہ حکام کے بیانات شامل ہیں۔

208

بقیہ خبر کا متن جاری ہے اور اس حصے میں تفصیلات شائع کی گئی ہیں جن میں حکومت کے اعلانات، عوامی ردعمل، اجلاس کی کارروائی اور متعلقہ حکام کے بیانات شامل ہیں۔ بقیہ خبر کا متن جاری ہے اور اس حصے میں تفصیلات شائع کی گئی ہیں جن میں حکومت کے اعلانات، عوامی ردعمل، اجلاس کی کارروائی اور متعلقہ حکام کے بیانات شامل ہیں۔ بقیہ خبر کا متن جاری ہے اور اس حصے میں تفصیلات شائع کی گئی ہیں جن میں حکومت کے اعلانات، عوامی ردعمل، اجلاس کی کارروائی اور متعلقہ حکام کے بیانات شامل ہیں۔

209

بقیہ خبر کا متن جاری ہے اور اس حصے میں تفصیلات شائع کی گئی ہیں جن میں حکومت کے اعلانات، عوامی ردعمل، اجلاس کی کارروائی اور متعلقہ حکام کے بیانات شامل ہیں۔

210

بقیہ خبر کا متن جاری ہے اور اس حصے میں تفصیلات شائع کی گئی ہیں جن میں حکومت کے اعلانات، عوامی ردعمل، اجلاس کی کارروائی اور متعلقہ حکام کے بیانات شامل ہیں۔ بقیہ خبر کا متن جاری ہے اور اس حصے میں تفصیلات شائع کی گئی ہیں جن میں حکومت کے اعلانات، عوامی ردعمل، اجلاس کی کارروائی اور متعلقہ حکام کے بیانات شامل ہیں۔ بقیہ خبر کا متن جاری ہے اور اس حصے میں تفصیلات شائع کی گئی ہیں جن میں حکومت کے اعلانات، عوامی ردعمل، اجلاس کی کارروائی اور متعلقہ حکام کے بیانات شامل ہیں۔ بقیہ خبر کا متن جاری ہے اور اس حصے میں تفصیلات شائع کی گئی ہیں جن میں حکومت کے اعلانات، عوامی ردعمل، اجلاس کی کارروائی اور متعلقہ حکام کے بیانات شامل ہیں۔ بقیہ خبر کا متن جاری ہے اور اس حصے میں تفصیلات شائع کی گئی ہیں جن میں حکومت کے اعلانات، عوامی ردعمل، اجلاس کی کارروائی اور متعلقہ حکام کے بیانات شامل ہیں۔ بقیہ خبر کا متن جاری ہے اور اس حصے میں تفصیلات شائع کی گئی ہیں جن میں حکومت کے اعلانات، عوامی ردعمل، اجلاس کی کارروائی اور متعلقہ حکام کے بیانات شامل ہیں۔ بقیہ خبر کا متن جاری ہے اور اس حصے میں تفصیلات شائع کی گئی ہیں جن میں حکومت کے اعلانات، عوامی ردعمل، اجلاس کی کارروائی اور متعلقہ حکام کے بیانات شامل ہیں۔ بقیہ خبر کا متن جاری ہے اور اس حصے میں تفصیلات شائع کی گئی ہیں جن میں حکومت کے اعلانات، عوامی ردعمل، اجلاس کی کارروائی اور متعلقہ حکام کے بیانات شامل ہیں۔ بقیہ خبر کا متن جاری ہے اور اس حصے میں تفصیلات شائع کی گئی ہیں جن میں حکومت کے اعلانات، عوامی ردعمل، اجلاس کی کارروائی اور متعلقہ حکام کے بیانات شامل ہیں۔

211

بقیہ خبر کا متن جاری ہے اور اس حصے میں تفصیلات شائع کی گئی ہیں جن میں حکومت کے اعلانات، عوامی ردعمل، اجلاس کی کارروائی اور متعلقہ حکام کے بیانات شامل ہیں۔ بقیہ خبر کا متن جاری ہے اور اس حصے میں تفصیلات شائع کی گئی ہیں جن میں حکومت کے اعلانات، عوامی ردعمل، اجلاس کی کارروائی اور متعلقہ حکام کے بیانات شامل ہیں۔ بقیہ خبر کا متن جاری ہے اور اس حصے میں تفصیلات شائع کی گئی ہیں جن میں حکومت کے اعلانات، عوامی ردعمل، اجلاس کی کارروائی اور متعلقہ حکام کے بیانات شامل ہیں۔

212

بقیہ خبر کا متن جاری ہے اور اس حصے میں تفصیلات شائع کی گئی ہیں جن میں حکومت کے اعلانات، عوامی ردعمل، اجلاس کی کارروائی اور متعلقہ حکام کے بیانات شامل ہیں۔ بقیہ خبر کا متن جاری ہے اور اور متعلقہ حکام کے بیانات شامل ہیں۔

300

بقیہ خبر کا متن جاری ہے اور اس حصے میں تفصیلات شائع کی گئی ہیں جن میں حکومت کے اعلانات، عوامی ردعمل، اجلاس کی کارروائی اور متعلقہ حکام کے بیانات شامل ہیں۔ بقیہ خبر کا متن جاری ہے اور اس حصے میں تفصیلات شائع کی گئی ہیں جن میں حکومت کے اعلانات، عوامی ردعمل، اجلاس کی کارروائی اور متعلقہ حکام کے بیانات شامل ہیں۔ بقیہ خبر کا متن جاری ہے اور اس حصے میں تفصیلات شائع کی گئی ہیں جن میں حکومت کے اعلانات، عوامی ردعمل، اجلاس کی کارروائی اور متعلقہ حکام کے بیانات شامل ہیں۔ بقیہ خبر کا متن جاری ہے اور اس حصے میں تفصیلات شائع کی گئی ہیں جن میں حکومت کے اعلانات، عوامی ردعمل، اجلاس کی کارروائی اور متعلقہ حکام کے بیانات شامل ہیں۔ بقیہ خبر کا متن جاری ہے اور اس حصے میں تفصیلات شائع کی گئی ہیں جن میں حکومت کے اعلانات، عوامی ردعمل، اجلاس کی کارروائی اور متعلقہ حکام کے بیانات شامل ہیں۔ بقیہ خبر کا متن جاری ہے اور اس حصے میں تفصیلات شائع کی گئی ہیں جن میں حکومت کے اعلانات، عوامی ردعمل، اجلاس کی کارروائی اور متعلقہ حکام کے بیانات شامل ہیں۔ بقیہ خبر کا متن جاری ہے اور اس حصے میں تفصیلات شائع کی گئی ہیں جن میں حکومت کے اعلانات، عوامی ردعمل، اجلاس کی کارروائی اور متعلقہ حکام کے بیانات شامل ہیں۔ بقیہ خبر کا متن جاری ہے اور اس حصے میں تفصیلات شائع کی گئی ہیں جن میں حکومت کے اعلانات، عوامی ردعمل، اجلاس کی کارروائی اور متعلقہ حکام کے بیانات شامل ہیں۔ بقیہ خبر کا متن جاری ہے اور اس حصے میں تفصیلات شائع کی گئی ہیں جن میں حکومت کے اعلانات، عوامی ردعمل، اجلاس کی کارروائی اور متعلقہ حکام کے بیانات شامل ہیں۔ بقیہ خبر کا متن جاری ہے اور اس حصے میں تفصیلات شائع کی گئی ہیں جن میں حکومت کے اعلانات، عوامی ردعمل، اجلاس کی کارروائی اور متعلقہ حکام کے بیانات شامل ہیں۔ بقیہ خبر کا متن جاری ہے اور اس حصے میں تفصیلات شائع کی گئی ہیں جن میں حکومت کے اعلانات، عوامی ردعمل، اجلاس کی کارروائی اور متعلقہ حکام کے بیانات شامل ہیں۔ بقیہ خبر کا متن جاری ہے اور اس حصے میں تفصیلات شائع کی گئی ہیں جن میں حکومت کے اعلانات، عوامی ردعمل، اجلاس کی کارروائی اور متعلقہ حکام کے بیانات شامل ہیں۔ بقیہ خبر کا متن جاری ہے اور اس حصے میں تفصیلات شائع کی گئی ہیں جن میں حکومت کے اعلانات، عوامی ردعمل، اجلاس کی کارروائی اور متعلقہ حکام کے بیانات شامل ہیں۔

301

بقیہ خبر کا متن جاری ہے اور اس حصے میں تفصیلات شائع کی گئی ہیں جن میں حکومت کے اعلانات، عوامی ردعمل، اجلاس کی کارروائی اور متعلقہ حکام کے بیانات شامل ہیں۔ بقیہ خبر کا متن جاری ہے اور اس حصے میں تفصیلات شائع کی گئی ہیں جن میں حکومت کے اعلانات، عوامی ردعمل، اجلاس کی کارروائی اور متعلقہ حکام کے بیانات شامل ہیں۔ بقیہ خبر کا متن جاری ہے اور اس حصے میں تفصیلات شائع کی گئی ہیں جن میں حکومت کے اعلانات، عوامی ردعمل، اجلاس کی کارروائی اور متعلقہ حکام کے بیانات شامل ہیں۔ بقیہ خبر کا متن جاری ہے اور اس حصے میں تفصیلات شائع کی گئی ہیں جن میں حکومت کے اعلانات، عوامی ردعمل، اجلاس کی کارروائی اور متعلقہ حکام کے بیانات شامل ہیں۔ بقیہ خبر کا متن جاری ہے اور اس حصے میں تفصیلات شائع کی گئی ہیں جن میں حکومت کے اعلانات، عوامی ردعمل، اجلاس کی کارروائی اور متعلقہ حکام کے بیانات شامل ہیں۔

302

بقیہ خبر کا متن جاری ہے اور اس حصے میں تفصیلات شائع کی گئی ہیں جن میں حکومت کے اعلانات، عوامی ردعمل، اجلاس کی کارروائی اور متعلقہ حکام کے بیانات شامل ہیں۔ بقیہ خبر کا متن جاری ہے اور اس حصے میں تفصیلات شائع کی گئی ہیں جن میں حکومت کے اعلانات، عوامی ردعمل، اجلاس کی کارروائی اور متعلقہ حکام کے بیانات شامل ہیں۔ بقیہ خبر کا متن جاری ہے اور اس حصے میں تفصیلات شائع کی گئی ہیں جن میں حکومت کے اعلانات، عوامی ردعمل، اجلاس کی کارروائی اور متعلقہ حکام کے بیانات شامل ہیں۔ بقیہ خبر کا متن جاری ہے اور اس حصے میں تفصیلات شائع کی گئی ہیں جن میں حکومت کے اعلانات، عوامی ردعمل، اجلاس کی کارروائی اور متعلقہ حکام کے بیانات شامل ہیں۔ بقیہ خبر کا متن جاری ہے اور اس حصے میں تفصیلات شائع کی گئی ہیں جن میں حکومت کے اعلانات، عوامی ردعمل، اجلاس کی کارروائی اور متعلقہ حکام کے بیانات شامل ہیں۔ بقیہ خبر کا متن جاری ہے اور اس حصے میں تفصیلات شائع کی گئی ہیں جن میں حکومت کے اعلانات، عوامی ردعمل، اجلاس کی کارروائی اور متعلقہ حکام کے بیانات شامل ہیں۔ بقیہ خبر کا متن جاری ہے اور اس حصے میں تفصیلات شائع کی گئی ہیں جن میں حکومت کے اعلانات، عوامی ردعمل، اجلاس کی کارروائی اور متعلقہ حکام کے بیانات شامل ہیں۔ بقیہ خبر کا متن جاری ہے اور اس حصے میں تفصیلات شائع کی گئی ہیں جن میں حکومت کے اعلانات، عوامی ردعمل، اجلاس کی کارروائی اور متعلقہ حکام کے بیانات شامل ہیں۔ بقیہ خبر کا متن جاری ہے اور اس حصے میں تفصیلات شائع کی گئی ہیں جن میں حکومت کے اعلانات، عوامی ردعمل، اجلاس کی کارروائی اور متعلقہ حکام کے بیانات شامل ہیں۔ بقیہ خبر کا متن جاری ہے اور اس حصے میں تفصیلات شائع کی گئی ہیں جن میں حکومت کے اعلانات، عوامی ردعمل، اجلاس کی کارروائی اور متعلقہ حکام کے بیانات شامل ہیں۔ بقیہ خبر کا متن جاری ہے اور اس حصے میں تفصیلات شائع کی گئی ہیں جن میں حکومت کے اعلانات، عوامی ردعمل، اجلاس کی کارروائی اور متعلقہ حکام کے بیانات شامل ہیں۔ بقیہ خبر کا متن جاری ہے اور اس حصے میں تفصیلات شائع کی گئی ہیں جن میں حکومت کے اعلانات، عوامی ردعمل، اجلاس کی کارروائی اور متعلقہ حکام کے بیانات شامل ہیں۔ بقیہ خبر کا متن جاری ہے اور اس حصے میں تفصیلات شائع کی گئی ہیں جن میں حکومت کے اعلانات، عوامی ردعمل، اجلاس کی کارروائی اور متعلقہ حکام کے بیانات شامل ہیں۔ بقیہ خبر کا متن جاری ہے اور اس حصے میں تفصیلات شائع کی گئی ہیں جن میں حکومت کے اعلانات، عوامی ردعمل، اجلاس کی کارروائی اور متعلقہ حکام کے بیانات شامل ہیں۔

303

بقیہ خبر کا متن جاری ہے اور اس حصے میں تفصیلات شائع کی گئی ہیں جن میں حکومت کے اعلانات، عوامی ردعمل، اجلاس کی کارروائی اور متعلقہ حکام کے بیانات شامل ہیں۔ بقیہ خبر کا متن جاری ہے اور اس حصے میں تفصیلات شائع کی گئی ہیں جن میں حکومت کے اعلانات، عوامی ردعمل، اجلاس کی کارروائی اور متعلقہ حکام کے بیانات شامل ہیں۔ بقیہ خبر کا متن جاری ہے اور اس حصے میں تفصیلات شائع کی گئی ہیں جن میں حکومت کے اعلانات، عوامی ردعمل، اجلاس کی کارروائی اور متعلقہ حکام کے بیانات شامل ہیں۔ بقیہ خبر کا متن جاری ہے اور اس حصے میں تفصیلات شائع کی گئی ہیں جن میں حکومت کے اعلانات، عوامی ردعمل، اجلاس کی کارروائی اور متعلقہ حکام کے بیانات شامل ہیں۔ بقیہ خبر کا متن جاری ہے اور اس حصے میں تفصیلات شائع کی گئی ہیں جن میں حکومت کے اعلانات، عوامی ردعمل، اجلاس کی کارروائی اور متعلقہ حکام کے بیانات شامل ہیں۔ بقیہ خبر کا متن جاری ہے اور اس حصے میں تفصیلات شائع کی گئی ہیں جن میں حکومت کے اعلانات، عوامی ردعمل، اجلاس کی کارروائی اور متعلقہ حکام کے بیانات شامل ہیں۔

304

بقیہ خبر کا متن جاری ہے اور اس حصے میں تفصیلات شائع کی گئی ہیں جن میں حکومت کے اعلانات، عوامی ردعمل، اجلاس کی کارروائی اور متعلقہ حکام کے بیانات شامل ہیں۔ بقیہ خبر کا متن جاری ہے اور اس حصے میں تفصیلات شائع کی گئی ہیں جن میں حکومت کے اعلانات، عوامی ردعمل، اجلاس کی کارروائی اور متعلقہ حکام کے بیانات شامل ہیں۔ بقیہ خبر کا متن جاری ہے اور اس حصے میں تفصیلات شائع کی گئی ہیں جن میں حکومت کے اعلانات، عوامی ردعمل، اجلاس کی کارروائی اور متعلقہ حکام کے بیانات شامل ہیں۔ بقیہ خبر کا متن جاری ہے اور اس حصے میں تفصیلات شائع کی گئی ہیں جن میں حکومت کے اعلانات، عوامی ردعمل، اجلاس کی کارروائی اور متعلقہ حکام کے بیانات شامل ہیں۔ بقیہ خبر کا متن جاری ہے اور اس حصے میں تفصیلات شائع کی گئی ہیں جن میں حکومت کے اعلانات، عوامی ردعمل، اجلاس کی کارروائی اور متعلقہ حکام کے بیانات شامل ہیں۔ بقیہ خبر کا متن جاری ہے اور اس حصے میں تفصیلات شائع کی گئی ہیں جن میں حکومت کے اعلانات، عوامی ردعمل، اجلاس کی کارروائی اور متعلقہ حکام کے بیانات شامل ہیں۔ بقیہ خبر کا متن جاری ہے اور اس حصے میں تفصیلات شائع کی گئی ہیں جن میں حکومت کے اعلانات، عوامی ردعمل، اجلاس کی کارروائی اور متعلقہ حکام کے بیانات شامل ہیں۔ بقیہ خبر کا متن جاری ہے اور اس حصے میں تفصیلات شائع کی گئی ہیں جن میں حکومت کے اعلانات، عوامی ردعمل، اجلاس کی کارروائی اور متعلقہ حکام کے بیانات شامل ہیں۔ بقیہ خبر کا متن جاری ہے اور اس حصے میں تفصیلات شائع کی گئی ہیں جن میں حکومت کے اعلانات، عوامی ردعمل، اجلاس کی کارروائی اور متعلقہ حکام کے بیانات شامل ہیں۔ بقیہ خبر کا متن جاری ہے اور اس حصے میں تفصیلات شائع کی گئی ہیں جن میں حکومت کے اعلانات، عوامی ردعمل، اجلاس کی کارروائی اور متعلقہ حکام کے بیانات شامل ہیں۔ بقیہ خبر کا متن جاری ہے اور اس حصے میں تفصیلات شائع کی گئی ہیں جن میں حکومت کے اعلانات، عوامی ردعمل، اجلاس کی کارروائی اور متعلقہ حکام کے بیانات شامل ہیں۔ بقیہ خبر کا متن جاری ہے اور اس حصے میں تفصیلات شائع کی گئی ہیں جن میں حکومت کے اعلانات، عوامی ردعمل، اجلاس کی کارروائی اور متعلقہ حکام کے بیانات شامل ہیں۔

305

بقیہ خبر کا متن جاری ہے اور اس حصے میں تفصیلات شائع کی گئی ہیں جن میں حکومت کے اعلانات، عوامی ردعمل، اجلاس کی کارروائی اور متعلقہ حکام کے بیانات شامل ہیں۔ بقیہ خبر کا متن جاری ہے اور اس حصے میں تفصیلات شائع کی گئی ہیں جن میں حکومت کے اعلانات، عوامی ردعمل، اجلاس کی کارروائی اور متعلقہ حکام کے بیانات شامل ہیں۔ بقیہ خبر کا متن جاری ہے اور اس حصے میں تفصیلات شائع کی گئی ہیں جن میں حکومت کے اعلانات، عوامی ردعمل، اجلاس کی کارروائی اور متعلقہ حکام کے بیانات شامل ہیں۔ بقیہ خبر کا متن جاری ہے اور اس حصے میں تفصیلات شائع کی گئی ہیں جن میں حکومت کے اعلانات، عوامی ردعمل، اجلاس کی کارروائی اور متعلقہ حکام کے بیانات شامل ہیں۔ بقیہ خبر کا متن جاری ہے اور اس حصے میں تفصیلات شائع کی گئی ہیں جن میں حکومت کے اعلانات، عوامی ردعمل، اجلاس کی کارروائی اور متعلقہ حکام کے بیانات شامل ہیں۔ بقیہ خبر کا متن جاری ہے اور اس حصے میں تفصیلات شائع کی گئی ہیں جن میں حکومت کے اعلانات، عوامی ردعمل، اجلاس کی کارروائی اور متعلقہ حکام کے بیانات شامل ہیں۔ بقیہ خبر کا متن جاری ہے اور اس حصے میں تفصیلات شائع کی گئی ہیں جن میں حکومت کے اعلانات، عوامی ردعمل، اجلاس کی کارروائی اور متعلقہ حکام کے بیانات شامل ہیں۔ بقیہ خبر کا متن جاری ہے اور اس حصے میں تفصیلات شائع کی گئی ہیں جن میں حکومت کے اعلانات، عوامی ردعمل، اجلاس کی کارروائی اور متعلقہ حکام کے بیانات شامل ہیں۔ بقیہ خبر کا متن جاری ہے اور اس حصے میں تفصیلات شائع کی گئی ہیں جن میں حکومت کے اعلانات، عوامی ردعمل، اجلاس کی کارروائی اور متعلقہ حکام کے بیانات شامل ہیں۔ بقیہ خبر کا متن جاری ہے اور اس حصے میں تفصیلات شائع کی گئی ہیں جن میں حکومت کے اعلانات، عوامی ردعمل، اجلاس کی کارروائی اور متعلقہ حکام کے بیانات شامل ہیں۔ بقیہ خبر کا متن جاری ہے اور اس حصے میں تفصیلات شائع کی گئی ہیں جن میں حکومت کے اعلانات، عوامی ردعمل، اجلاس کی کارروائی اور متعلقہ حکام کے بیانات شامل ہیں۔

306

بقیہ خبر کا متن جاری ہے اور اس حصے میں تفصیلات شائع کی گئی ہیں جن میں حکومت کے اعلانات، عوامی ردعمل، اجلاس کی کارروائی اور متعلقہ حکام کے بیانات شامل ہیں۔ بقیہ خبر کا متن جاری ہے اور اس حصے میں تفصیلات شائع کی گئی ہیں جن میں حکومت کے اعلانات، عوامی ردعمل، اجلاس کی کارروائی اور متعلقہ حکام کے بیانات شامل ہیں۔ بقیہ خبر کا متن جاری ہے اور اس حصے میں تفصیلات شائع کی گئی ہیں جن میں حکومت کے اعلانات، عوامی ردعمل، اجلاس کی کارروائی اور متعلقہ حکام کے بیانات شامل ہیں۔ بقیہ خبر کا متن جاری ہے اور اس حصے میں تفصیلات شائع کی گئی ہیں جن میں حکومت کے اعلانات، عوامی ردعمل، اجلاس کی کارروائی اور متعلقہ حکام کے بیانات شامل ہیں۔ بقیہ خبر کا متن جاری ہے اور اس حصے میں تفصیلات شائع کی گئی ہیں جن میں حکومت کے اعلانات، عوامی ردعمل، اجلاس کی کارروائی اور متعلقہ حکام کے بیانات شامل ہیں۔ بقیہ خبر کا متن جاری ہے اور اس حصے میں تفصیلات شائع کی گئی ہیں جن میں حکومت کے اعلانات، عوامی ردعمل، اجلاس کی کارروائی اور متعلقہ حکام کے بیانات شامل ہیں۔ بقیہ خبر کا متن جاری ہے اور اس حصے میں تفصیلات شائع کی گئی ہیں جن میں حکومت کے اعلانات، عوامی ردعمل، اجلاس کی کارروائی اور متعلقہ حکام کے بیانات شامل ہیں۔ بقیہ خبر کا متن جاری ہے اور اس حصے میں تفصیلات شائع کی گئی ہیں جن میں حکومت کے اعلانات، عوامی ردعمل، اجلاس کی کارروائی اور متعلقہ حکام کے بیانات شامل ہیں۔ بقیہ خبر کا متن جاری ہے اور اس حصے میں تفصیلات شائع کی گئی ہیں جن میں حکومت کے اعلانات، عوامی ردعمل، اجلاس کی کارروائی اور متعلقہ حکام کے بیانات شامل ہیں۔ بقیہ خبر کا متن جاری ہے اور اس حصے میں تفصیلات شائع کی گئی ہیں جن میں حکومت کے اعلانات، عوامی ردعمل، اجلاس کی کارروائی اور متعلقہ حکام کے بیانات شامل ہیں۔

307

بقیہ خبر کا متن جاری ہے اور اس حصے میں تفصیلات شائع کی گئی ہیں جن میں حکومت کے اعلانات، عوامی ردعمل، اجلاس کی کارروائی اور متعلقہ حکام کے بیانات شامل ہیں۔ بقیہ خبر کا متن جاری ہے اور اس حصے میں تفصیلات شائع کی گئی ہیں جن میں حکومت کے اعلانات، عوامی ردعمل، اجلاس کی کارروائی اور متعلقہ حکام کے بیانات شامل ہیں۔ بقیہ خبر کا متن جاری ہے اور اس حصے میں تفصیلات شائع کی گئی ہیں جن میں حکومت کے اعلانات، عوامی ردعمل، اجلاس کی کارروائی اور متعلقہ حکام کے بیانات شامل ہیں۔ بقیہ خبر کا متن جاری ہے اور اس حصے میں تفصیلات شائع کی گئی ہیں جن میں حکومت کے اعلانات، عوامی ردعمل، اجلاس کی کارروائی اور متعلقہ حکام کے بیانات شامل ہیں۔ بقیہ خبر کا متن جاری ہے اور اس حصے میں تفصیلات شائع کی گئی ہیں جن میں حکومت کے اعلانات، عوامی ردعمل، اجلاس کی کارروائی اور متعلقہ حکام کے بیانات شامل ہیں۔ بقیہ خبر کا متن جاری ہے اور اس حصے میں تفصیلات شائع کی گئی ہیں جن میں حکومت کے اعلانات، عوامی ردعمل، اجلاس کی کارروائی اور متعلقہ حکام کے بیانات شامل ہیں۔ بقیہ خبر کا متن جاری ہے اور اس حصے میں تفصیلات شائع کی گئی ہیں جن میں حکومت کے اعلانات، عوامی ردعمل، اجلاس کی کارروائی اور متعلقہ حکام کے بیانات شامل ہیں۔ بقیہ خبر کا متن جاری ہے اور اس حصے میں تفصیلات شائع کی گئی ہیں جن میں حکومت کے اعلانات، عوامی ردعمل، اجلاس کی کارروائی اور متعلقہ حکام کے بیانات شامل ہیں۔ بقیہ خبر کا متن جاری ہے اور اس حصے میں تفصیلات شائع کی گئی ہیں جن میں حکومت کے اعلانات، عوامی ردعمل، اجلاس کی کارروائی اور متعلقہ حکام کے بیانات شامل ہیں۔ بقیہ خبر کا متن جاری ہے اور اس حصے میں تفصیلات شائع کی گئی ہیں جن میں حکومت کے اعلانات، عوامی ردعمل، اجلاس کی کارروائی اور متعلقہ حکام کے بیانات شامل ہیں۔ بقیہ خبر کا متن جاری ہے اور اس حصے میں تفصیلات شائع کی گئی ہیں جن میں حکومت کے اعلانات، عوامی ردعمل، اجلاس کی کارروائی اور متعلقہ حکام کے بیانات شامل ہیں۔ بقیہ خبر کا متن جاری ہے اور اس حصے میں تفصیلات شائع کی گئی ہیں جن میں حکومت کے اعلانات، عوامی ردعمل، اجلاس کی کارروائی اور متعلقہ حکام کے بیانات شامل ہیں۔

308

بقیہ خبر کا متن جاری ہے اور اس حصے میں تفصیلات شائع کی گئی ہیں جن میں حکومت کے اعلانات، عوامی ردعمل، اجلاس کی کارروائی اور متعلقہ حکام کے بیانات شامل ہیں۔ بقیہ خبر کا متن جاری ہے اور اس حصے میں تفصیلات شائع کی گئی ہیں جن میں حکومت کے اعلانات، عوامی ردعمل، اجلاس کی کارروائی اور متعلقہ حکام کے بیانات شامل ہیں۔ بقیہ خبر کا متن جاری ہے اور اس حصے میں تفصیلات شائع کی گئی ہیں جن میں حکومت کے اعلانات، عوامی ردعمل، اجلاس کی کارروائی اور متعلقہ حکام کے بیانات شامل ہیں۔ بقیہ خبر کا متن جاری ہے اور اس حصے میں تفصیلات شائع کی گئی ہیں جن میں حکومت کے اعلانات، عوامی ردعمل، اجلاس کی کارروائی اور متعلقہ حکام کے بیانات شامل ہیں۔ بقیہ خبر کا متن جاری ہے اور اس حصے میں تفصیلات شائع کی گئی ہیں جن میں حکومت کے اعلانات، عوامی ردعمل، اجلاس کی کارروائی اور متعلقہ حکام کے بیانات شامل ہیں۔ بقیہ خبر کا متن جاری ہے اور اس حصے میں تفصیلات شائع کی گئی ہیں جن میں حکومت کے اعلانات، عوامی ردعمل، اجلاس کی کارروائی اور متعلقہ حکام کے بیانات شامل ہیں۔ بقیہ خبر کا متن جاری ہے اور اس حصے میں تفصیلات شائع کی گئی ہیں جن میں حکومت کے اعلانات، عوامی ردعمل، اجلاس کی کارروائی اور متعلقہ حکام کے بیانات شامل ہیں۔ بقیہ خبر کا متن جاری ہے اور اس حصے میں تفصیلات شائع کی گئی ہیں جن میں حکومت کے اعلانات، عوامی ردعمل، اجلاس کی کارروائی اور متعلقہ حکام کے بیانات شامل ہیں۔ بقیہ خبر کا متن جاری ہے اور اس حصے میں تفصیلات شائع کی گئی ہیں جن میں حکومت کے اعلانات، عوامی ردعمل، اجلاس کی کارروائی اور متعلقہ حکام کے بیانات شامل ہیں۔ بقیہ خبر کا متن جاری ہے اور اس حصے میں تفصیلات شائع کی گئی ہیں جن میں حکومت کے اعلانات، عوامی ردعمل، اجلاس کی کارروائی اور متعلقہ حکام کے بیانات شامل ہیں۔ بقیہ خبر کا متن جاری ہے اور اس حصے میں تفصیلات شائع کی گئی ہیں جن میں حکومت کے اعلانات، عوامی ردعمل، اجلاس کی کارروائی اور متعلقہ حکام کے بیانات شامل ہیں۔

309

بقیہ خبر کا متن جاری ہے اور اس حصے میں تفصیلات شائع کی گئی ہیں جن میں حکومت کے اعلانات، عوامی ردعمل، اجلاس کی کارروائی اور متعلقہ حکام کے بیانات شامل ہیں۔ بقیہ خبر کا متن جاری ہے اور اس حصے میں تفصیلات شائع کی گئی ہیں جن میں حکومت کے اعلانات، عوامی ردعمل، اجلاس کی کارروائی اور متعلقہ حکام کے بیانات شامل ہیں۔ بقیہ خبر کا متن جاری ہے اور اس حصے میں تفصیلات شائع کی گئی ہیں جن میں حکومت کے اعلانات، عوامی ردعمل، اجلاس کی کارروائی اور متعلقہ حکام کے بیانات شامل ہیں۔ بقیہ خبر کا متن جاری ہے اور اس حصے میں تفصیلات شائع کی گئی ہیں جن میں حکومت کے اعلانات، عوامی ردعمل، اجلاس کی کارروائی اور متعلقہ حکام کے بیانات شامل ہیں۔ بقیہ خبر کا متن جاری ہے اور اس حصے میں تفصیلات شائع کی گئی ہیں جن میں حکومت کے اعلانات، عوامی ردعمل، اجلاس کی کارروائی اور متعلقہ حکام کے بیانات شامل ہیں۔

310

بقیہ خبر کا متن جاری ہے اور اس حصے میں تفصیلات شائع کی گئی ہیں جن میں حکومت کے اعلانات، عوامی ردعمل، اجلاس کی کارروائی اور متعلقہ حکام کے بیانات شامل ہیں۔ بقیہ خبر کا متن جاری ہے اور اس حصے میں تفصیلات شائع کی گئی ہیں جن میں حکومت کے اعلانات، عوامی ردعمل، اجلاس کی کارروائی اور متعلقہ حکام کے بیانات شامل ہیں۔ بقیہ خبر کا متن جاری ہے اور اس حصے میں تفصیلات شائع کی گئی ہیں جن میں حکومت کے اعلانات، عوامی ردعمل، اجلاس کی کارروائی اور متعلقہ حکام کے بیانات شامل ہیں۔ بقیہ خبر کا متن جاری ہے اور اس حصے میں تفصیلات شائع کی گئی ہیں جن میں حکومت کے اعلانات، عوامی ردعمل، اجلاس کی کارروائی اور متعلقہ حکام کے بیانات شامل ہیں۔ بقیہ خبر کا متن جاری ہے اور اس حصے میں تفصیلات شائع کی گئی ہیں جن میں حکومت کے اعلانات، عوامی ردعمل، اجلاس کی کارروائی اور متعلقہ حکام کے بیانات شامل ہیں۔ بقیہ خبر کا متن جاری ہے اور اس حصے میں تفصیلات شائع کی گئی ہیں جن میں حکومت کے اعلانات، عوامی ردعمل، اجلاس کی کارروائی اور متعلقہ حکام کے بیانات شامل

311

بقیہ خبر کا متن جاری ہے اور اس حصے میں تفصیلات شائع کی گئی ہیں جن میں حکومت کے اعلانات، عوامی ردعمل، اجلاس کی کارروائی اور متعلقہ حکام کے بیانات شامل ہیں۔ بقیہ خبر کا متن جاری ہے اور اس حصے میں تفصیلات شائع کی گئی ہیں جن میں حکومت کے اعلانات، عوامی ردعمل، اجلاس کی کارروائی اور متعلقہ حکام کے بیانات شامل ہیں۔ بقیہ خبر کا متن جاری ہے اور اس حصے میں تفصیلات شائع کی گئی ہیں جن میں حکومت کے اعلانات، عوامی ردعمل، اجلاس کی کارروائی اور متعلقہ حکام کے بیانات شامل ہیں۔ بقیہ خبر کا متن جاری ہے اور اس حصے میں تفصیلات شائع کی گئی ہیں جن میں حکومت کے اعلانات، عوامی ردعمل، اجلاس کی کارروائی اور متعلقہ حکام کے بیانات شامل ہیں۔ بقیہ خبر کا متن جاری ہے اور اس حصے میں تفصیلات شائع کی گئی ہیں جن میں حکومت کے اعلانات، عوامی ردعمل، اجلاس کی کارروائی اور متعلقہ حکام کے بیانات شامل ہیں۔

312

بقیہ خبر کا متن جاری ہے اور اس حصے میں تفصیلات شائع کی گئی ہیں جن میں حکومت کے اعلانات، عوامی ردعمل، اجلاس کی کارروائی اور متعلقہ حکام کے بیانات شامل ہیں۔ بقیہ خبر کا متن جاری ہے اور اس حصے میں تفصیلات شائع کی گئی ہیں جن میں حکومت کے اعلانات، عوامی ردعمل، اجلاس کی کارروائی اور متعلقہ حکام کے بیانات شامل ہیں۔ بقیہ خبر کا متن جاری ہے اور اس حصے میں تفصیلات شائع کی گئی ہیں جن میں حکومت کے اعلانات، عوامی ردعمل، اجلاس کی کارروائی اور متعلقہ حکام کے بیانات شامل ہیں۔

313

بقیہ خبر کا متن جاری ہے اور اس حصے میں تفصیلات شائع کی گئی ہیں جن میں حکومت کے اعلانات، عوامی ردعمل، اجلاس کی کارروائی اور متعلقہ حکام کے بیانات شامل ہیں۔

500

بقیہ خبر کا متن جاری ہے اور اس حصے میں تفصیلات شائع کی گئی ہیں جن میں حکومت کے اعلانات، عوامی ردعمل، اجلاس کی کارروائی اور متعلقہ حکام کے بیانات شامل ہیں۔ بقیہ خبر کا متن جاری ہے اور اس حصے میں تفصیلات شائع کی گئی ہیں جن میں حکومت کے اعلانات، عوامی ردعمل، اجلاس کی کارروائی اور متعلقہ حکام کے بیانات شامل ہیں۔ بقیہ خبر کا متن جاری ہے اور اس حصے میں تفصیلات شائع کی گئی ہیں جن میں حکومت کے اعلانات، عوامی ردعمل، اجلاس کی کارروائی اور متعلقہ حکام کے بیانات شامل ہیں۔ بقیہ خبر کا متن جاری ہے اور اس حصے میں تفصیلات شائع کی گئی ہیں جن میں حکومت کے اعلانات، عوامی ردعمل، اجلاس کی کارروائی اور متعلقہ حکام کے بیانات شامل ہیں۔ بقیہ خبر کا متن جاری ہے اور اس حصے میں تفصیلات شائع کی گئی ہیں جن میں حکومت کے اعلانات، عوامی ردعمل، اجلاس کی کارروائی اور متعلقہ حکام کے بیانات شامل ہیں۔ بقیہ خبر کا متن جاری ہے اور اس حصے میں تفصیلات شائع کی گئی ہیں جن میں حکومت کے اعلانات، عوامی ردعمل، اجلاس کی کارروائی اور متعلقہ حکام کے بیانات شامل ہیں۔ بقیہ خبر کا متن جاری ہے اور اس حصے میں تفصیلات شائع کی گئی ہیں جن میں حکومت کے اعلانات، عوامی ردعمل، اجلاس کی کارروائی اور متعلقہ حکام کے بیانات شامل ہیں۔ بقیہ خبر کا متن جاری ہے اور اس حصے میں تفصیلات شائع کی گئی ہیں جن میں حکومت کے اعلانات، عوامی ردعمل، اجلاس کی کارروائی اور متعلقہ حکام کے بیانات شامل ہیں۔ بقیہ خبر کا متن جاری ہے اور اس حصے میں تفصیلات شائع کی گئی ہیں جن میں حکومت کے اعلانات، عوامی ردعمل، اجلاس کی کارروائی اور متعلقہ حکام کے بیانات شامل ہیں۔ بقیہ خبر کا متن جاری ہے اور اس حصے میں تفصیلات شائع کی گئی ہیں جن میں حکومت کے اعلانات، عوامی ردعمل، اجلاس کی کارروائی اور متعلقہ حکام کے بیانات شامل ہیں۔ بقیہ خبر کا متن جاری ہے اور اس حصے میں تفصیلات شائع کی گئی ہیں جن میں حکومت کے اعلانات، عوامی ردعمل، اجلاس کی کارروائی اور متعلقہ حکام کے بیانات شامل ہیں۔ بقیہ خبر کا متن جاری ہے اور اس حصے میں تفصیلات شائع کی گئی ہیں جن میں حکومت کے اعلانات، عوامی ردعمل، اجلاس کی کارروائی اور متعلقہ حکام کے بیانات شامل ہیں۔ بقیہ خبر کا متن جاری ہے اور اس حصے میں تفصیلات شائع کی گئی ہیں جن میں حکومت کے اعلانات، عوامی ردعمل، اجلاس کی کارروائی اور متعلقہ حکام کے بیانات شامل ہیں۔ بقیہ خبر کا متن جاری ہے اور اس حصے میں تفصیلات شائع کی گئی ہیں جن میں حکومت کے اعلانات، عوامی ردعمل، اجلاس کی کارروائی اور متعلقہ حکام کے بیانات شامل ہیں۔

501

بقیہ خبر کا متن جاری ہے اور اس حصے میں تفصیلات شائع کی گئی ہیں جن میں حکومت کے اعلانات، عوامی ردعمل، اجلاس کی کارروائی اور متعلقہ حکام کے بیانات شامل ہیں۔

502

بقیہ خبر کا متن جاری ہے اور اس حصے میں تفصیلات شائع کی گئی ہیں جن میں حکومت کے اعلانات، عوامی ردعمل، اجلاس کی کارروائی اور متعلقہ حکام کے بیانات شامل ہیں۔ بقیہ خبر کا متن جاری ہے اور اس حصے میں تفصیلات شائع کی گئی ہیں جن میں حکومت کے اعلانات، عوامی ردعمل، اجلاس کی کارروائی اور متعلقہ حکام کے بیانات شامل ہیں۔ بقیہ خبر کا متن جاری ہے اور اس حصے میں تفصیلات شائع کی گئی ہیں جن میں حکومت کے اعلانات، عوامی ردعمل، اجلاس کی کارروائی اور متعلقہ حکام کے بیانات شامل ہیں۔ بقیہ خبر کا متن جاری ہے اور اس حصے میں تفصیلات شائع کی گئی ہیں جن میں حکومت کے اعلانات، عوامی ردعمل، اجلاس کی کارروائی اور متعلقہ حکام کے بیانات شامل ہیں۔ بقیہ خبر کا متن جاری ہے اور اس حصے میں تفصیلات شائع کی گئی ہیں جن میں حکومت کے اعلانات، عوامی ردعمل، اجلاس کی کارروائی اور متعلقہ حکام کے بیانات شامل ہیں۔ بقیہ خبر کا متن جاری ہے اور اس حصے میں تفصیلات شائع کی گئی ہیں جن میں حکومت کے اعلانات، عوامی ردعمل، اجلاس کی کارروائی اور متعلقہ حکام کے بیانات شامل ہیں۔ بقیہ خبر کا متن جاری ہے اور اس حصے میں تفصیلات شائع کی گئی ہیں جن میں حکومت کے اعلانات، عوامی ردعمل، اجلاس کی کارروائی اور متعلقہ حکام کے بیانات شامل ہیں۔ بقیہ خبر کا متن جاری ہے اور اس حصے میں تفصیلات شائع کی گئی ہیں جن میں حکومت کے اعلانات، عوامی ردعمل، اجلاس کی کارروائی اور متعلقہ حکام کے بیانات شامل ہیں۔ بقیہ خبر کا متن جاری ہے اور اس حصے میں تفصیلات شائع کی گئی ہیں جن میں حکومت کے اعلانات، عوامی ردعمل، اجلاس کی کارروائی اور متعلقہ حکام کے بیانات شامل ہیں۔ بقیہ خبر کا متن جاری ہے اور اس حصے میں تفصیلات شائع کی گئی ہیں جن میں حکومت کے اعلانات، عوامی ردعمل، اجلاس کی کارروائی اور متعلقہ حکام کے بیانات شامل ہیں۔ بقیہ خبر کا متن جاری ہے اور اس حصے میں تفصیلات شائع کی گئی ہیں جن میں حکومت کے اعلانات، عوامی ردعمل، اجلاس کی کارروائی اور متعلقہ حکام کے بیانات شامل ہیں۔ بقیہ خبر کا متن جاری ہے اور اس حصے میں تفصیلات شائع کی گئی ہیں جن میں حکومت کے اعلانات، عوامی ردعمل، اجلاس کی کارروائی اور متعلقہ حکام کے بیانات شامل ہیں۔ بقیہ خبر کا متن جاری ہے اور اس حصے میں تفصیلات شائع کی گئی ہیں جن میں حکومت کے اعلانات، عوامی ردعمل، اجلاس کی کارروائی اور متعلقہ حکام کے بیانات شامل ہیں۔ بقیہ خبر کا متن جاری ہے اور اس حصے میں تفصیلات شائع کی گئی ہیں جن میں حکومت کے اعلانات، عوامی ردعمل، اجلاس کی کارروائی اور متعلقہ حکام کے بیانات شامل ہیں۔ بقیہ خبر کا متن جاری ہے اور اس حصے میں تفصیلات شائع کی گئی ہیں جن میں حکومت کے اعلانات، عوامی ردعمل، اجلاس کی کارروائی اور متعلقہ حکام کے بیانات شامل ہیں۔ بقیہ خبر کا متن جاری ہے اور اس حصے میں تفصیلات شائع کی گئی ہیں جن میں حکومت کے اعلانات، عوامی ردعمل، اجلاس کی کارروائی اور متعلقہ حکام کے بیانات شامل ہیں۔ بقیہ خبر کا متن جاری ہے اور اس حصے میں تفصیلات شائع کی گئی ہیں جن میں حکومت کے اعلانات، عوامی ردعمل، اجلاس کی کارروائی اور متعلقہ حکام کے بیانات شامل ہیں۔ بقیہ خبر کا متن جاری ہے اور اس حصے میں تفصیلات شائع کی گئی ہیں جن میں حکومت کے اعلانات، عوامی ردعمل، اجلاس کی کارروائی اور متعلقہ حکام کے بیانات شامل ہیں۔

503

بقیہ خبر کا متن جاری ہے اور اس حصے میں تفصیلات شائع کی گئی ہیں جن میں حکومت کے اعلانات، عوامی ردعمل، اجلاس کی کارروائی اور متعلقہ حکام کے بیانات شامل ہیں۔ بقیہ خبر کا متن جاری ہے اور اس حصے میں تفصیلات شائع کی گئی ہیں جن میں حکومت کے اعلانات، عوامی ردعمل، اجلاس کی کارروائی اور متعلقہ حکام کے بیانات شامل ہیں۔ بقیہ خبر کا متن جاری ہے اور اس حصے میں تفصیلات شائع کی گئی ہیں جن میں حکومت کے اعلانات، عوامی ردعمل، اجلاس کی کارروائی اور متعلقہ حکام کے بیانات شامل ہیں۔ بقیہ خبر کا متن جاری ہے اور اس حصے میں تفصیلات شائع کی گئی ہیں جن میں حکومت کے اعلانات، عوامی ردعمل، اجلاس کی کارروائی اور متعلقہ حکام کے بیانات شامل ہیں۔ بقیہ خبر کا متن جاری ہے اور اس حصے میں تفصیلات شائع کی گئی ہیں جن میں حکومت کے اعلانات، عوامی ردعمل، اجلاس کی کارروائی اور متعلقہ حکام کے بیانات شامل ہیں۔ بقیہ خبر کا متن جاری ہے اور اس حصے میں تفصیلات شائع کی گئی ہیں جن میں حکومت کے اعلانات، عوامی ردعمل، اجلاس کی کارروائی اور متعلقہ حکام کے بیانات شامل ہیں۔ بقیہ خبر کا متن جاری ہے اور اس حصے میں تفصیلات شائع کی گئی ہیں جن میں حکومت کے اعلانات، عوامی ردعمل، اجلاس کی کارروائی اور متعلقہ حکام کے بیانات شامل ہیں۔ بقیہ خبر کا متن جاری ہے اور اس حصے میں تفصیلات شائع کی گئی ہیں جن میں حکومت کے اعلانات، عوامی ردعمل، اجلاس کی کارروائی اور متعلقہ حکام کے بیانات شامل ہیں۔ بقیہ خبر کا متن جاری ہے اور اس حصے میں تفصیلات شائع کی گئی ہیں جن میں حکومت کے اعلانات، عوامی ردعمل، اجلاس کی کارروائی اور متعلقہ حکام کے بیانات شامل ہیں۔

504

بقیہ خبر کا متن جاری ہے اور اس حصے میں تفصیلات شائع کی گئی ہیں جن میں حکومت کے اعلانات، عوامی ردعمل، اجلاس کی کارروائی اور متعلقہ حکام کے بیانات شامل ہیں۔ بقیہ خبر کا متن جاری ہے اور اس حصے میں تفصیلات شائع کی گئی ہیں جن میں حکومت کے اعلانات، عوامی ردعمل، اجلاس کی کارروائی اور متعلقہ حکام کے بیانات شامل ہیں۔ بقیہ خبر کا متن جاری ہے اور اس حصے میں تفصیلات شائع کی گئی ہیں جن میں حکومت کے اعلانات، عوامی ردعمل، اجلاس کی کارروائی اور متعلقہ حکام کے بیانات شامل ہیں۔ بقیہ خبر کا متن جاری ہے اور اس حصے میں تفصیلات شائع کی گئی ہیں جن میں حکومت کے اعلانات، عوامی ردعمل، اجلاس کی کارروائی اور متعلقہ حکام کے بیانات شامل ہیں۔ بقیہ خبر کا متن جاری ہے اور اس حصے میں تفصیلات شائع کی گئی ہیں جن میں حکومت کے اعلانات، عوامی ردعمل، اجلاس کی کارروائی اور متعلقہ حکام کے بیانات شامل ہیں۔ بقیہ خبر کا متن جاری ہے اور اس حصے میں تفصیلات شائع کی گئی ہیں جن میں حکومت کے اعلانات، عوامی ردعمل، اجلاس کی کارروائی اور متعلقہ حکام کے بیانات شامل ہیں۔ بقیہ خبر کا متن جاری ہے اور اس حصے میں تفصیلات شائع کی گئی ہیں جن میں حکومت کے اعلانات، عوامی ردعمل، اجلاس کی کارروائی اور متعلقہ حکام کے بیانات شامل ہیں۔ بقیہ خبر کا متن جاری ہے اور اس حصے میں تفصیلات شائع کی گئی ہیں جن میں حکومت کے اعلانات، عوامی ردعمل، اجلاس کی کارروائی اور متعلقہ حکام کے بیانات شامل ہیں۔ بقیہ خبر کا متن جاری ہے اور اس حصے میں تفصیلات شائع کی گئی ہیں جن میں حکومت کے اعلانات، عوامی ردعمل، اجلاس کی کارروائی اور متعلقہ حکام کے بیانات شامل ہیں۔ بقیہ خبر کا متن جاری ہے اور اس حصے میں تفصیلات شائع کی گئی ہیں جن میں حکومت کے اعلانات، عوامی ردعمل، اجلاس کی کارروائی اور متعلقہ حکام کے بیانات شامل ہیں۔ بقیہ خبر کا متن جاری ہے اور اس حصے میں تفصیلات شائع کی گئی ہیں جن میں حکومت کے اعلانات، عوامی ردعمل، اجلاس کی کارروائی اور متعلقہ حکام کے بیانات شامل ہیں۔

505

بقیہ خبر کا متن جاری ہے اور اس حصے میں تفصیلات شائع کی گئی ہیں جن میں حکومت کے اعلانات، عوامی ردعمل، اجلاس کی کارروائی اور متعلقہ حکام کے بیانات شامل ہیں۔ بقیہ خبر کا متن جاری ہے اور اس حصے میں تفصیلات شائع کی گئی ہیں جن میں حکومت کے اعلانات، عوامی ردعمل، اجلاس کی کارروائی اور متعلقہ حکام کے بیانات شامل ہیں۔ بقیہ خبر کا متن جاری ہے اور اس حصے میں تفصیلات شائع کی گئی ہیں جن میں حکومت کے اعلانات، عوامی ردعمل، اجلاس کی کارروائی اور متعلقہ حکام کے بیانات شامل ہیں۔ بقیہ خبر کا متن جاری ہے اور اس حصے میں تفصیلات شائع کی گئی ہیں جن میں حکومت کے اعلانات، عوامی ردعمل، اجلاس کی کارروائی اور متعلقہ حکام کے بیانات شامل ہیں۔ بقیہ خبر کا متن جاری ہے اور اس حصے میں تفصیلات شائع کی گئی ہیں جن میں حکومت کے اعلانات، عوامی ردعمل، اجلاس کی کارروائی اور متعلقہ حکام کے بیانات شامل ہیں۔ بقیہ خبر کا متن جاری ہے اور اس حصے میں تفصیلات شائع کی گئی ہیں جن میں حکومت کے اعلانات، عوامی ردعمل، اجلاس کی کارروائی اور متعلقہ حکام کے بیانات شامل ہیں۔ بقیہ خبر کا متن جاری ہے اور اس حصے میں تفصیلات شائع کی گئی ہیں جن میں حکومت کے اعلانات، عوامی ردعمل، اجلاس کی کارروائی اور متعلقہ حکام کے بیانات شامل ہیں۔ بقیہ خبر کا متن جاری ہے اور اس حصے میں تفصیلات شائع کی گئی ہیں جن میں حکومت کے اعلانات، عوامی ردعمل، اجلاس کی کارروائی اور متعلقہ حکام کے بیانات شامل ہیں۔ بقیہ خبر کا متن جاری ہے اور اس حصے میں تفصیلات شائع کی گئی ہیں جن میں حکومت کے اعلانات، عوامی ردعمل، اجلاس کی کارروائی اور متعلقہ حکام کے بیانات شامل ہیں۔ بقیہ خبر کا متن جاری ہے اور اس حصے میں تفصیلات شائع کی گئی ہیں جن میں حکومت کے اعلانات، عوامی ردعمل، اجلاس کی کارروائی اور متعلقہ حکام کے بیانات شامل ہیں۔

506

بقیہ خبر کا متن جاری ہے اور اس حصے میں تفصیلات شائع کی گئی ہیں جن میں حکومت کے اعلانات، عوامی ردعمل، اجلاس کی کارروائی اور متعلقہ حکام کے بیانات شامل ہیں۔ بقیہ خبر کا متن جاری ہے اور اس حصے میں تفصیلات شائع کی گئی ہیں جن میں حکومت کے اعلانات، عوامی ردعمل، اجلاس کی کارروائی اور متعلقہ حکام کے بیانات شامل ہیں۔ بقیہ خبر کا متن جاری ہے اور اس حصے میں تفصیلات شائع کی گئی ہیں جن میں حکومت کے اعلانات، عوامی ردعمل، اجلاس کی کارروائی اور متعلقہ حکام کے بیانات شامل ہیں۔ بقیہ خبر کا متن جاری ہے اور اس حصے میں تفصیلات شائع کی گئی ہیں جن میں حکومت کے اعلانات، عوامی ردعمل، اجلاس کی کارروائی اور متعلقہ حکام کے بیانات شامل ہیں۔ بقیہ خبر کا متن جاری ہے اور اس حصے میں تفصیلات شائع کی گئی ہیں جن میں حکومت کے اعلانات، عوامی ردعمل، اجلاس کی کارروائی اور متعلقہ حکام کے بیانات شامل ہیں۔ بقیہ خبر کا متن جاری ہے اور اس حصے میں تفصیلات شائع کی گئی ہیں جن میں حکومت کے اعلانات، عوامی ردعمل، اجلاس کی کارروائی اور متعلقہ حکام کے بیانات شامل ہیں۔ بقیہ خبر کا متن جاری ہے اور اس حصے میں تفصیلات شائع کی گئی ہیں جن میں حکومت کے اعلانات، عوامی ردعمل، اجلاس کی کارروائی اور متعلقہ حکام کے بیانات شامل ہیں۔ بقیہ خبر کا متن جاری ہے اور اس حصے میں تفصیلات شائع کی گئی ہیں جن میں حکومت کے اعلانات، عوامی ردعمل، اجلاس کی کارروائی اور متعلقہ حکام کے بیانات شامل ہیں۔ بقیہ خبر کا متن جاری ہے اور اس حصے میں تفصیلات شائع کی گئی ہیں جن میں حکومت کے اعلانات، عوامی ردعمل، اجلاس کی کارروائی اور متعلقہ حکام کے بیانات شامل ہیں۔ بقیہ خبر کا متن جاری ہے اور اس حصے میں تفصیلات شائع کی گئی ہیں جن میں حکومت کے اعلانات، عوامی ردعمل، اجلاس کی کارروائی اور متعلقہ حکام کے بیانات شامل ہیں۔

507

بقیہ خبر کا متن جاری ہے اور اس حصے میں تفصیلات شائع کی گئی ہیں جن میں حکومت کے اعلانات، عوامی ردعمل، اجلاس کی کارروائی اور متعلقہ حکام کے بیانات شامل ہیں۔ بقیہ خبر کا متن جاری ہے اور اس حصے میں تفصیلات شائع کی گئی ہیں جن میں حکومت کے اعلانات، عوامی ردعمل، اجلاس کی کارروائی اور متعلقہ حکام کے بیانات شامل ہیں۔ بقیہ خبر کا متن جاری ہے اور اس حصے میں تفصیلات شائع کی گئی ہیں جن میں حکومت کے اعلانات، عوامی ردعمل، اجلاس کی کارروائی اور متعلقہ حکام کے بیانات شامل ہیں۔ بقیہ خبر کا متن جاری ہے اور اس حصے میں تفصیلات شائع کی گئی ہیں جن میں حکومت کے اعلانات، عوامی ردعمل، اجلاس کی کارروائی اور متعلقہ حکام کے بیانات شامل ہیں۔ بقیہ خبر کا متن جاری ہے اور اس حصے میں تفصیلات شائع کی گئی ہیں جن میں حکومت کے اعلانات، عوامی ردعمل، اجلاس کی کارروائی اور متعلقہ حکام کے بیانات شامل ہیں۔ بقیہ خبر کا متن جاری ہے اور اس حصے میں تفصیلات شائع کی گئی ہیں جن میں حکومت کے اعلانات، عوامی ردعمل، اجلاس کی کارروائی اور متعلقہ حکام کے بیانات شامل ہیں۔

508

بقیہ خبر کا متن جاری ہے اور اس حصے میں تفصیلات شائع کی گئی ہیں جن میں حکومت کے اعلانات، عوامی ردعمل، اجلاس کی کارروائی اور متعلقہ حکام کے بیانات شامل ہیں۔ بقیہ خبر کا متن جاری ہے اور اس حصے میں تفصیلات شائع کی گئی ہیں جن میں حکومت کے اعلانات، عوامی ردعمل، اجلاس کی کارروائی اور متعلقہ حکام کے بیانات شامل ہیں۔ بقیہ خبر کا متن جاری ہے اور اس حصے میں تفصیلات شائع کی گئی ہیں جن میں حکومت کے اعلانات، عوامی ردعمل، اجلاس کی کارروائی اور متعلقہ حکام کے بیانات شامل ہیں۔

509

بقیہ خبر کا متن جاری ہے اور اس حصے میں تفصیلات شائع کی گئی ہیں جن میں حکومت کے اعلانات، عوامی ردعمل، اجلاس کی کارروائی اور متعلقہ حکام کے بیانات شامل ہیں۔ بقیہ خبر کا متن جاری ہے اور اس حصے میں تفصیلات شائع کی گئی ہیں جن میں حکومت کے اعلانات، عوامی ردعمل، اجلاس کی کارروائی اور متعلقہ حکام کے بیانات شامل ہیں۔ بقیہ خبر کا متن جاری ہے اور اس حصے میں تفصیلات شائع کی گئی ہیں جن میں حکومت کے اعلانات، عوامی ردعمل، اجلاس کی کارروائی اور متعلقہ حکام کے بیانات شامل ہیں۔ بقیہ خبر کا متن جاری ہے اور اس حصے میں تفصیلات شائع کی گئی ہیں جن میں حکومت کے اعلانات، عوامی ردعمل، اجلاس کی کارروائی اور متعلقہ حکام کے بیانات شامل ہیں۔ بقیہ خبر کا متن جاری ہے اور اس حصے میں تفصیلات شائع کی گئی ہیں جن میں حکومت کے اعلانات، عوامی ردعمل، اجلاس کی کارروائی اور متعلقہ حکام کے بیانات شامل ہیں۔ بقیہ خبر کا متن جاری ہے اور اس حصے میں تفصیلات شائع کی گئی ہیں جن میں حکومت کے اعلانات، عوامی ردعمل، اجلاس کی کارروائی اور متعلقہ حکام کے بیانات شامل ہیں۔ بقیہ خبر کا متن جاری ہے اور اس حصے میں تفصیلات شائع کی گئی ہیں جن میں حکومت کے اعلانات، عوامی ردعمل، اجلاس کی کارروائی اور متعلقہ حکام کے بیانات شامل ہیں۔ بقیہ خبر کا متن جاری ہے اور اس حصے میں تفصیلات شائع کی گئی ہیں جن میں حکومت کے اعلانات، عوامی ردعمل، اجلاس کی کارروائی اور متعلقہ حکام کے بیانات شامل ہیں۔ بقیہ خبر کا متن جاری ہے اور اس حصے میں تفصیلات شائع کی گئی ہیں جن میں حکومت کے اعلانات، عوامی ردعمل، اجلاس کی کارروائی اور متعلقہ حکام کے بیانات شامل ہیں۔ بقیہ خبر کا متن جاری ہے اور اس حصے میں تفصیلات شائع کی گئی ہیں جن میں حکومت کے اعلانات، عوامی ردعمل، اجلاس کی کارروائی اور متعلقہ حکام کے بیانات شامل ہیں۔ بقیہ خبر کا متن جاری ہے اور اس حصے میں تفصیلات شائع کی گئی ہیں جن میں حکومت کے اعلانات، عوامی ردعمل، اجلاس کی کارروائی اور متعلقہ حکام کے بیانات شامل ہیں۔ بقیہ خبر کا متن جاری ہے اور اس حصے میں تفصیلات شائع کی گئی ہیں جن میں حکومت کے اعلانات، عوامی ردعمل، اجلاس کی کارروائی اور متعلقہ حکام کے بیانات شامل ہیں۔ بقیہ خبر کا متن جاری ہے اور اس حصے میں تفصیلات شائع کی گئی ہیں جن میں حکومت کے اعلانات، عوامی ردعمل، اجلاس کی کارروائی اور متعلقہ حکام کے بیانات شامل ہیں۔ بقیہ خبر کا متن جاری ہے اور اس حصے میں تفصیلات شائع کی گئی ہیں جن میں حکومت کے اعلانات، عوامی ردعمل، اجلاس کی کارروائی اور متعلقہ حکام کے بیانات شامل ہیں۔ بقیہ خبر کا متن جاری ہے اور اس حصے میں تفصیلات شائع کی گئی ہیں جن میں حکومت کے اعلانات، عوامی ردعمل، اجلاس کی کارروائی اور متعلقہ حکام کے بیانات شامل ہیں۔ بقیہ خبر کا متن جاری ہے اور اس حصے میں تفصیلات شائع کی گئی ہیں جن میں حکومت کے اعلانات، عوامی ردعمل، اجلاس کی کارروائی اور متعلقہ حکام کے بیانات شامل ہیں۔ بقیہ خبر کا متن جاری ہے اور اس حصے میں تفصیلات شائع کی گئی ہیں جن میں حکومت کے اعلانات، عوامی ردعمل، اجلاس کی کارروائی اور متعلقہ حکام کے بیانات شامل ہیں۔ بقیہ خبر کا متن جاری ہے اور اس حصے میں تفصیلات شائع کی گئی ہیں جن میں حکومت کے اعلانات، عوامی ردعمل، اجلاس کی کارروائی اور متعلقہ حکام کے بیانات شامل ہیں۔

510

بقیہ خبر کا متن جاری ہے اور اس حصے میں تفصیلات شائع کی گئی ہیں جن میں حکومت کے اعلانات، عوامی ردعمل، اجلاس کی کارروائی اور متعلقہ حکام کے بیانات شامل ہیں۔ بقیہ خبر کا متن جاری ہے اور اس حصے میں تفصیلات شائع کی گئی ہیں جن میں حکومت کے اعلانات، عوامی ردعمل، اجلاس کی کارروائی اور متعلقہ حکام کے بیانات شامل ہیں۔ بقیہ خبر کا متن جاری ہے اور اس حصے میں تفصیلات شائع کی گئی ہیں جن میں حکومت کے اعلانات، عوامی ردعمل، اجلاس کی کارروائی اور متعلقہ حکام کے بیانات شامل ہیں۔
